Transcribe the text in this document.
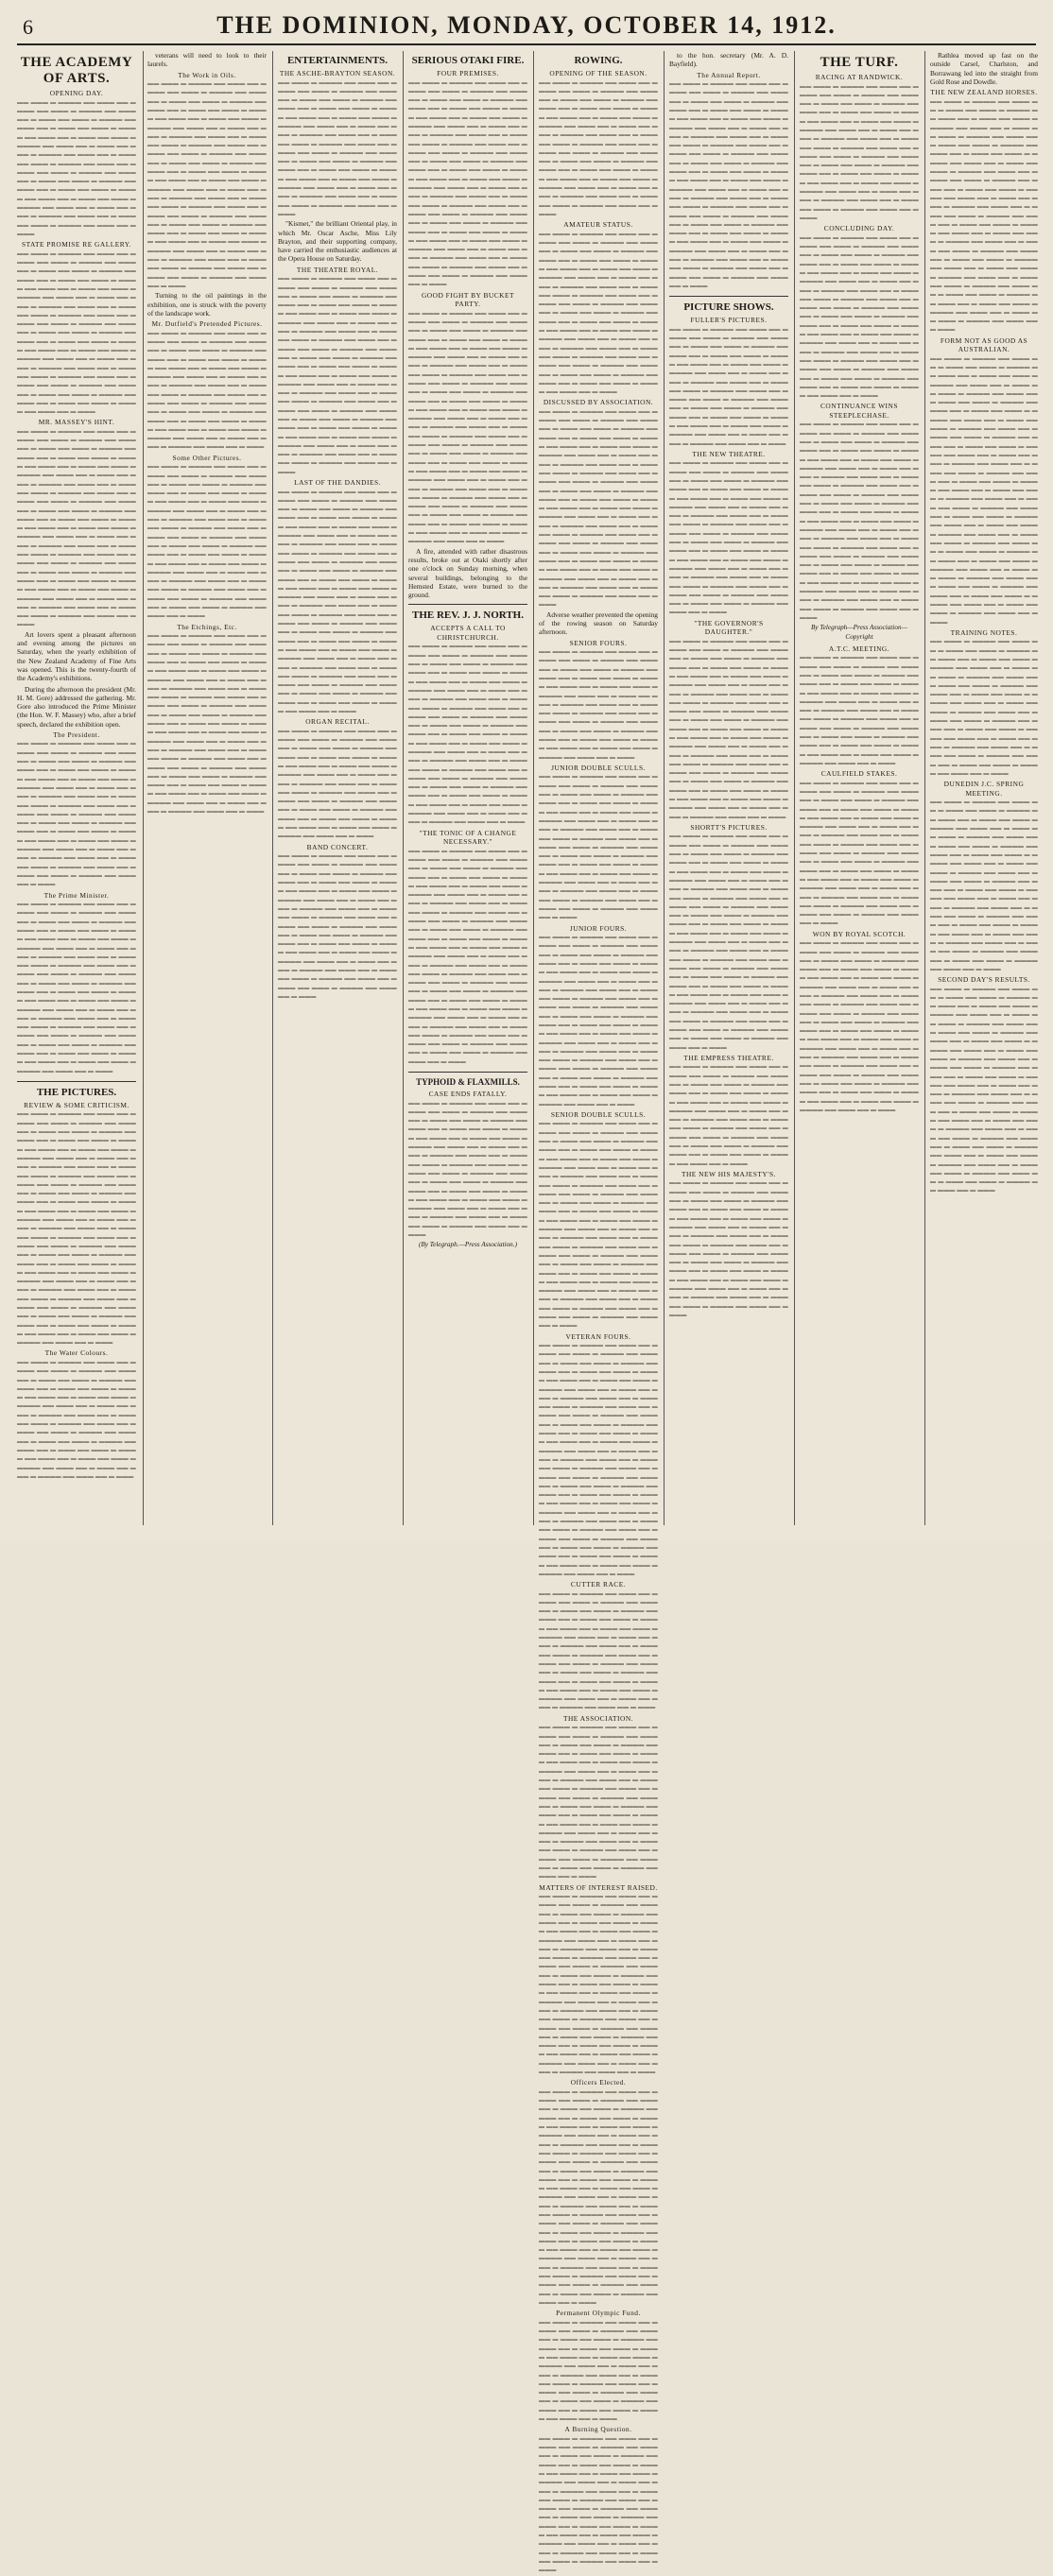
6	THE DOMINION, MONDAY, OCTOBER 14, 1912.
THE ACADEMY OF ARTS.
OPENING DAY.
▬▬ ▬▬▬ ▬ ▬▬▬▬ ▬▬ ▬▬▬ ▬▬ ▬ ▬▬▬ ▬▬ ▬▬▬ ▬ ▬▬▬▬ ▬▬ ▬▬▬ ▬▬ ▬ ▬▬▬ ▬▬ ▬▬▬ ▬ ▬▬▬▬ ▬▬ ▬▬▬ ▬▬ ▬ ▬▬▬ ▬▬ ▬▬▬ ▬ ▬▬▬▬ ▬▬ ▬▬▬ ▬▬ ▬ ▬▬▬ ▬▬ ▬▬▬ ▬ ▬▬▬▬ ▬▬ ▬▬▬ ▬▬ ▬ ▬▬▬ ▬▬ ▬▬▬ ▬ ▬▬▬▬ ▬▬ ▬▬▬ ▬▬ ▬ ▬▬▬ ▬▬ ▬▬▬ ▬ ▬▬▬▬ ▬▬ ▬▬▬ ▬▬ ▬ ▬▬▬ ▬▬ ▬▬▬ ▬ ▬▬▬▬ ▬▬ ▬▬▬ ▬▬ ▬ ▬▬▬ ▬▬ ▬▬▬ ▬ ▬▬▬▬ ▬▬ ▬▬▬ ▬▬ ▬ ▬▬▬ ▬▬ ▬▬▬ ▬ ▬▬▬▬ ▬▬ ▬▬▬ ▬▬ ▬ ▬▬▬ ▬▬ ▬▬▬ ▬ ▬▬▬▬ ▬▬ ▬▬▬ ▬▬ ▬ ▬▬▬ ▬▬ ▬▬▬ ▬ ▬▬▬▬ ▬▬ ▬▬▬ ▬▬ ▬ ▬▬▬ ▬▬ ▬▬▬ ▬ ▬▬▬▬ ▬▬ ▬▬▬ ▬▬ ▬ ▬▬▬
STATE PROMISE RE GALLERY.
▬▬ ▬▬▬ ▬ ▬▬▬▬ ▬▬ ▬▬▬ ▬▬ ▬ ▬▬▬ ▬▬ ▬▬▬ ▬ ▬▬▬▬ ▬▬ ▬▬▬ ▬▬ ▬ ▬▬▬ ▬▬ ▬▬▬ ▬ ▬▬▬▬ ▬▬ ▬▬▬ ▬▬ ▬ ▬▬▬ ▬▬ ▬▬▬ ▬ ▬▬▬▬ ▬▬ ▬▬▬ ▬▬ ▬ ▬▬▬ ▬▬ ▬▬▬ ▬ ▬▬▬▬ ▬▬ ▬▬▬ ▬▬ ▬ ▬▬▬ ▬▬ ▬▬▬ ▬ ▬▬▬▬ ▬▬ ▬▬▬ ▬▬ ▬ ▬▬▬ ▬▬ ▬▬▬ ▬ ▬▬▬▬ ▬▬ ▬▬▬ ▬▬ ▬ ▬▬▬ ▬▬ ▬▬▬ ▬ ▬▬▬▬ ▬▬ ▬▬▬ ▬▬ ▬ ▬▬▬ ▬▬ ▬▬▬ ▬ ▬▬▬▬ ▬▬ ▬▬▬ ▬▬ ▬ ▬▬▬ ▬▬ ▬▬▬ ▬ ▬▬▬▬ ▬▬ ▬▬▬ ▬▬ ▬ ▬▬▬ ▬▬ ▬▬▬ ▬ ▬▬▬▬ ▬▬ ▬▬▬ ▬▬ ▬ ▬▬▬ ▬▬ ▬▬▬ ▬ ▬▬▬▬ ▬▬ ▬▬▬ ▬▬ ▬ ▬▬▬ ▬▬ ▬▬▬ ▬ ▬▬▬▬ ▬▬ ▬▬▬ ▬▬ ▬ ▬▬▬ ▬▬ ▬▬▬ ▬ ▬▬▬▬ ▬▬ ▬▬▬ ▬▬ ▬ ▬▬▬ ▬▬ ▬▬▬ ▬ ▬▬▬▬ ▬▬ ▬▬▬ ▬▬ ▬ ▬▬▬ ▬▬ ▬▬▬ ▬ ▬▬▬▬ ▬▬ ▬▬▬ ▬▬ ▬ ▬▬▬
MR. MASSEY'S HINT.
▬▬ ▬▬▬ ▬ ▬▬▬▬ ▬▬ ▬▬▬ ▬▬ ▬ ▬▬▬ ▬▬ ▬▬▬ ▬ ▬▬▬▬ ▬▬ ▬▬▬ ▬▬ ▬ ▬▬▬ ▬▬ ▬▬▬ ▬ ▬▬▬▬ ▬▬ ▬▬▬ ▬▬ ▬ ▬▬▬ ▬▬ ▬▬▬ ▬ ▬▬▬▬ ▬▬ ▬▬▬ ▬▬ ▬ ▬▬▬ ▬▬ ▬▬▬ ▬ ▬▬▬▬ ▬▬ ▬▬▬ ▬▬ ▬ ▬▬▬ ▬▬ ▬▬▬ ▬ ▬▬▬▬ ▬▬ ▬▬▬ ▬▬ ▬ ▬▬▬ ▬▬ ▬▬▬ ▬ ▬▬▬▬ ▬▬ ▬▬▬ ▬▬ ▬ ▬▬▬ ▬▬ ▬▬▬ ▬ ▬▬▬▬ ▬▬ ▬▬▬ ▬▬ ▬ ▬▬▬ ▬▬ ▬▬▬ ▬ ▬▬▬▬ ▬▬ ▬▬▬ ▬▬ ▬ ▬▬▬ ▬▬ ▬▬▬ ▬ ▬▬▬▬ ▬▬ ▬▬▬ ▬▬ ▬ ▬▬▬ ▬▬ ▬▬▬ ▬ ▬▬▬▬ ▬▬ ▬▬▬ ▬▬ ▬ ▬▬▬ ▬▬ ▬▬▬ ▬ ▬▬▬▬ ▬▬ ▬▬▬ ▬▬ ▬ ▬▬▬ ▬▬ ▬▬▬ ▬ ▬▬▬▬ ▬▬ ▬▬▬ ▬▬ ▬ ▬▬▬ ▬▬ ▬▬▬ ▬ ▬▬▬▬ ▬▬ ▬▬▬ ▬▬ ▬ ▬▬▬ ▬▬ ▬▬▬ ▬ ▬▬▬▬ ▬▬ ▬▬▬ ▬▬ ▬ ▬▬▬ ▬▬ ▬▬▬ ▬ ▬▬▬▬ ▬▬ ▬▬▬ ▬▬ ▬ ▬▬▬ ▬▬ ▬▬▬ ▬ ▬▬▬▬ ▬▬ ▬▬▬ ▬▬ ▬ ▬▬▬ ▬▬ ▬▬▬ ▬ ▬▬▬▬ ▬▬ ▬▬▬ ▬▬ ▬ ▬▬▬ ▬▬ ▬▬▬ ▬ ▬▬▬▬ ▬▬ ▬▬▬ ▬▬ ▬ ▬▬▬

Art lovers spent a pleasant afternoon and evening among the pictures on Saturday, when the yearly exhibition of the New Zealand Academy of Fine Arts was opened. This is the twenty-fourth of the Academy's exhibitions.

During the afternoon the president (Mr. H. M. Gore) addressed the gathering. Mr. Gore also introduced the Prime Minister (the Hon. W. F. Massey) who, after a brief speech, declared the exhibition open.

The President.
▬▬ ▬▬▬ ▬ ▬▬▬▬ ▬▬ ▬▬▬ ▬▬ ▬ ▬▬▬ ▬▬ ▬▬▬ ▬ ▬▬▬▬ ▬▬ ▬▬▬ ▬▬ ▬ ▬▬▬ ▬▬ ▬▬▬ ▬ ▬▬▬▬ ▬▬ ▬▬▬ ▬▬ ▬ ▬▬▬ ▬▬ ▬▬▬ ▬ ▬▬▬▬ ▬▬ ▬▬▬ ▬▬ ▬ ▬▬▬ ▬▬ ▬▬▬ ▬ ▬▬▬▬ ▬▬ ▬▬▬ ▬▬ ▬ ▬▬▬ ▬▬ ▬▬▬ ▬ ▬▬▬▬ ▬▬ ▬▬▬ ▬▬ ▬ ▬▬▬ ▬▬ ▬▬▬ ▬ ▬▬▬▬ ▬▬ ▬▬▬ ▬▬ ▬ ▬▬▬ ▬▬ ▬▬▬ ▬ ▬▬▬▬ ▬▬ ▬▬▬ ▬▬ ▬ ▬▬▬ ▬▬ ▬▬▬ ▬ ▬▬▬▬ ▬▬ ▬▬▬ ▬▬ ▬ ▬▬▬ ▬▬ ▬▬▬ ▬ ▬▬▬▬ ▬▬ ▬▬▬ ▬▬ ▬ ▬▬▬ ▬▬ ▬▬▬ ▬ ▬▬▬▬ ▬▬ ▬▬▬ ▬▬ ▬ ▬▬▬ ▬▬ ▬▬▬ ▬ ▬▬▬▬ ▬▬ ▬▬▬ ▬▬ ▬ ▬▬▬ ▬▬ ▬▬▬ ▬ ▬▬▬▬ ▬▬ ▬▬▬ ▬▬ ▬ ▬▬▬ ▬▬ ▬▬▬ ▬ ▬▬▬▬ ▬▬ ▬▬▬ ▬▬ ▬ ▬▬▬
The Prime Minister.
▬▬ ▬▬▬ ▬ ▬▬▬▬ ▬▬ ▬▬▬ ▬▬ ▬ ▬▬▬ ▬▬ ▬▬▬ ▬ ▬▬▬▬ ▬▬ ▬▬▬ ▬▬ ▬ ▬▬▬ ▬▬ ▬▬▬ ▬ ▬▬▬▬ ▬▬ ▬▬▬ ▬▬ ▬ ▬▬▬ ▬▬ ▬▬▬ ▬ ▬▬▬▬ ▬▬ ▬▬▬ ▬▬ ▬ ▬▬▬ ▬▬ ▬▬▬ ▬ ▬▬▬▬ ▬▬ ▬▬▬ ▬▬ ▬ ▬▬▬ ▬▬ ▬▬▬ ▬ ▬▬▬▬ ▬▬ ▬▬▬ ▬▬ ▬ ▬▬▬ ▬▬ ▬▬▬ ▬ ▬▬▬▬ ▬▬ ▬▬▬ ▬▬ ▬ ▬▬▬ ▬▬ ▬▬▬ ▬ ▬▬▬▬ ▬▬ ▬▬▬ ▬▬ ▬ ▬▬▬ ▬▬ ▬▬▬ ▬ ▬▬▬▬ ▬▬ ▬▬▬ ▬▬ ▬ ▬▬▬ ▬▬ ▬▬▬ ▬ ▬▬▬▬ ▬▬ ▬▬▬ ▬▬ ▬ ▬▬▬ ▬▬ ▬▬▬ ▬ ▬▬▬▬ ▬▬ ▬▬▬ ▬▬ ▬ ▬▬▬ ▬▬ ▬▬▬ ▬ ▬▬▬▬ ▬▬ ▬▬▬ ▬▬ ▬ ▬▬▬ ▬▬ ▬▬▬ ▬ ▬▬▬▬ ▬▬ ▬▬▬ ▬▬ ▬ ▬▬▬ ▬▬ ▬▬▬ ▬ ▬▬▬▬ ▬▬ ▬▬▬ ▬▬ ▬ ▬▬▬ ▬▬ ▬▬▬ ▬ ▬▬▬▬ ▬▬ ▬▬▬ ▬▬ ▬ ▬▬▬ ▬▬ ▬▬▬ ▬ ▬▬▬▬ ▬▬ ▬▬▬ ▬▬ ▬ ▬▬▬ ▬▬ ▬▬▬ ▬ ▬▬▬▬ ▬▬ ▬▬▬ ▬▬ ▬ ▬▬▬
THE PICTURES.
REVIEW & SOME CRITICISM.
▬▬ ▬▬▬ ▬ ▬▬▬▬ ▬▬ ▬▬▬ ▬▬ ▬ ▬▬▬ ▬▬ ▬▬▬ ▬ ▬▬▬▬ ▬▬ ▬▬▬ ▬▬ ▬ ▬▬▬ ▬▬ ▬▬▬ ▬ ▬▬▬▬ ▬▬ ▬▬▬ ▬▬ ▬ ▬▬▬ ▬▬ ▬▬▬ ▬ ▬▬▬▬ ▬▬ ▬▬▬ ▬▬ ▬ ▬▬▬ ▬▬ ▬▬▬ ▬ ▬▬▬▬ ▬▬ ▬▬▬ ▬▬ ▬ ▬▬▬ ▬▬ ▬▬▬ ▬ ▬▬▬▬ ▬▬ ▬▬▬ ▬▬ ▬ ▬▬▬ ▬▬ ▬▬▬ ▬ ▬▬▬▬ ▬▬ ▬▬▬ ▬▬ ▬ ▬▬▬ ▬▬ ▬▬▬ ▬ ▬▬▬▬ ▬▬ ▬▬▬ ▬▬ ▬ ▬▬▬ ▬▬ ▬▬▬ ▬ ▬▬▬▬ ▬▬ ▬▬▬ ▬▬ ▬ ▬▬▬ ▬▬ ▬▬▬ ▬ ▬▬▬▬ ▬▬ ▬▬▬ ▬▬ ▬ ▬▬▬ ▬▬ ▬▬▬ ▬ ▬▬▬▬ ▬▬ ▬▬▬ ▬▬ ▬ ▬▬▬ ▬▬ ▬▬▬ ▬ ▬▬▬▬ ▬▬ ▬▬▬ ▬▬ ▬ ▬▬▬ ▬▬ ▬▬▬ ▬ ▬▬▬▬ ▬▬ ▬▬▬ ▬▬ ▬ ▬▬▬ ▬▬ ▬▬▬ ▬ ▬▬▬▬ ▬▬ ▬▬▬ ▬▬ ▬ ▬▬▬ ▬▬ ▬▬▬ ▬ ▬▬▬▬ ▬▬ ▬▬▬ ▬▬ ▬ ▬▬▬ ▬▬ ▬▬▬ ▬ ▬▬▬▬ ▬▬ ▬▬▬ ▬▬ ▬ ▬▬▬ ▬▬ ▬▬▬ ▬ ▬▬▬▬ ▬▬ ▬▬▬ ▬▬ ▬ ▬▬▬ ▬▬ ▬▬▬ ▬ ▬▬▬▬ ▬▬ ▬▬▬ ▬▬ ▬ ▬▬▬ ▬▬ ▬▬▬ ▬ ▬▬▬▬ ▬▬ ▬▬▬ ▬▬ ▬ ▬▬▬ ▬▬ ▬▬▬ ▬ ▬▬▬▬ ▬▬ ▬▬▬ ▬▬ ▬ ▬▬▬ ▬▬ ▬▬▬ ▬ ▬▬▬▬ ▬▬ ▬▬▬ ▬▬ ▬ ▬▬▬ ▬▬ ▬▬▬ ▬ ▬▬▬▬ ▬▬ ▬▬▬ ▬▬ ▬ ▬▬▬ ▬▬ ▬▬▬ ▬ ▬▬▬▬ ▬▬ ▬▬▬ ▬▬ ▬ ▬▬▬
The Water Colours.
▬▬ ▬▬▬ ▬ ▬▬▬▬ ▬▬ ▬▬▬ ▬▬ ▬ ▬▬▬ ▬▬ ▬▬▬ ▬ ▬▬▬▬ ▬▬ ▬▬▬ ▬▬ ▬ ▬▬▬ ▬▬ ▬▬▬ ▬ ▬▬▬▬ ▬▬ ▬▬▬ ▬▬ ▬ ▬▬▬ ▬▬ ▬▬▬ ▬ ▬▬▬▬ ▬▬ ▬▬▬ ▬▬ ▬ ▬▬▬ ▬▬ ▬▬▬ ▬ ▬▬▬▬ ▬▬ ▬▬▬ ▬▬ ▬ ▬▬▬ ▬▬ ▬▬▬ ▬ ▬▬▬▬ ▬▬ ▬▬▬ ▬▬ ▬ ▬▬▬ ▬▬ ▬▬▬ ▬ ▬▬▬▬ ▬▬ ▬▬▬ ▬▬ ▬ ▬▬▬ ▬▬ ▬▬▬ ▬ ▬▬▬▬ ▬▬ ▬▬▬ ▬▬ ▬ ▬▬▬ ▬▬ ▬▬▬ ▬ ▬▬▬▬ ▬▬ ▬▬▬ ▬▬ ▬ ▬▬▬ ▬▬ ▬▬▬ ▬ ▬▬▬▬ ▬▬ ▬▬▬ ▬▬ ▬ ▬▬▬ ▬▬ ▬▬▬ ▬ ▬▬▬▬ ▬▬ ▬▬▬ ▬▬ ▬ ▬▬▬ ▬▬ ▬▬▬ ▬ ▬▬▬▬ ▬▬ ▬▬▬ ▬▬ ▬ ▬▬▬

veterans will need to look to their laurels.

The Work in Oils.
▬▬ ▬▬▬ ▬ ▬▬▬▬ ▬▬ ▬▬▬ ▬▬ ▬ ▬▬▬ ▬▬ ▬▬▬ ▬ ▬▬▬▬ ▬▬ ▬▬▬ ▬▬ ▬ ▬▬▬ ▬▬ ▬▬▬ ▬ ▬▬▬▬ ▬▬ ▬▬▬ ▬▬ ▬ ▬▬▬ ▬▬ ▬▬▬ ▬ ▬▬▬▬ ▬▬ ▬▬▬ ▬▬ ▬ ▬▬▬ ▬▬ ▬▬▬ ▬ ▬▬▬▬ ▬▬ ▬▬▬ ▬▬ ▬ ▬▬▬ ▬▬ ▬▬▬ ▬ ▬▬▬▬ ▬▬ ▬▬▬ ▬▬ ▬ ▬▬▬ ▬▬ ▬▬▬ ▬ ▬▬▬▬ ▬▬ ▬▬▬ ▬▬ ▬ ▬▬▬ ▬▬ ▬▬▬ ▬ ▬▬▬▬ ▬▬ ▬▬▬ ▬▬ ▬ ▬▬▬ ▬▬ ▬▬▬ ▬ ▬▬▬▬ ▬▬ ▬▬▬ ▬▬ ▬ ▬▬▬ ▬▬ ▬▬▬ ▬ ▬▬▬▬ ▬▬ ▬▬▬ ▬▬ ▬ ▬▬▬ ▬▬ ▬▬▬ ▬ ▬▬▬▬ ▬▬ ▬▬▬ ▬▬ ▬ ▬▬▬ ▬▬ ▬▬▬ ▬ ▬▬▬▬ ▬▬ ▬▬▬ ▬▬ ▬ ▬▬▬ ▬▬ ▬▬▬ ▬ ▬▬▬▬ ▬▬ ▬▬▬ ▬▬ ▬ ▬▬▬ ▬▬ ▬▬▬ ▬ ▬▬▬▬ ▬▬ ▬▬▬ ▬▬ ▬ ▬▬▬ ▬▬ ▬▬▬ ▬ ▬▬▬▬ ▬▬ ▬▬▬ ▬▬ ▬ ▬▬▬ ▬▬ ▬▬▬ ▬ ▬▬▬▬ ▬▬ ▬▬▬ ▬▬ ▬ ▬▬▬ ▬▬ ▬▬▬ ▬ ▬▬▬▬ ▬▬ ▬▬▬ ▬▬ ▬ ▬▬▬ ▬▬ ▬▬▬ ▬ ▬▬▬▬ ▬▬ ▬▬▬ ▬▬ ▬ ▬▬▬ ▬▬ ▬▬▬ ▬ ▬▬▬▬ ▬▬ ▬▬▬ ▬▬ ▬ ▬▬▬ ▬▬ ▬▬▬ ▬ ▬▬▬▬ ▬▬ ▬▬▬ ▬▬ ▬ ▬▬▬

Turning to the oil paintings in the exhibition, one is struck with the poverty of the landscape work.

Mr. Dutfield's Pretended Pictures.
▬▬ ▬▬▬ ▬ ▬▬▬▬ ▬▬ ▬▬▬ ▬▬ ▬ ▬▬▬ ▬▬ ▬▬▬ ▬ ▬▬▬▬ ▬▬ ▬▬▬ ▬▬ ▬ ▬▬▬ ▬▬ ▬▬▬ ▬ ▬▬▬▬ ▬▬ ▬▬▬ ▬▬ ▬ ▬▬▬ ▬▬ ▬▬▬ ▬ ▬▬▬▬ ▬▬ ▬▬▬ ▬▬ ▬ ▬▬▬ ▬▬ ▬▬▬ ▬ ▬▬▬▬ ▬▬ ▬▬▬ ▬▬ ▬ ▬▬▬ ▬▬ ▬▬▬ ▬ ▬▬▬▬ ▬▬ ▬▬▬ ▬▬ ▬ ▬▬▬ ▬▬ ▬▬▬ ▬ ▬▬▬▬ ▬▬ ▬▬▬ ▬▬ ▬ ▬▬▬ ▬▬ ▬▬▬ ▬ ▬▬▬▬ ▬▬ ▬▬▬ ▬▬ ▬ ▬▬▬ ▬▬ ▬▬▬ ▬ ▬▬▬▬ ▬▬ ▬▬▬ ▬▬ ▬ ▬▬▬ ▬▬ ▬▬▬ ▬ ▬▬▬▬ ▬▬ ▬▬▬ ▬▬ ▬ ▬▬▬ ▬▬ ▬▬▬ ▬ ▬▬▬▬ ▬▬ ▬▬▬ ▬▬ ▬ ▬▬▬ ▬▬ ▬▬▬ ▬ ▬▬▬▬ ▬▬ ▬▬▬ ▬▬ ▬ ▬▬▬
Some Other Pictures.
▬▬ ▬▬▬ ▬ ▬▬▬▬ ▬▬ ▬▬▬ ▬▬ ▬ ▬▬▬ ▬▬ ▬▬▬ ▬ ▬▬▬▬ ▬▬ ▬▬▬ ▬▬ ▬ ▬▬▬ ▬▬ ▬▬▬ ▬ ▬▬▬▬ ▬▬ ▬▬▬ ▬▬ ▬ ▬▬▬ ▬▬ ▬▬▬ ▬ ▬▬▬▬ ▬▬ ▬▬▬ ▬▬ ▬ ▬▬▬ ▬▬ ▬▬▬ ▬ ▬▬▬▬ ▬▬ ▬▬▬ ▬▬ ▬ ▬▬▬ ▬▬ ▬▬▬ ▬ ▬▬▬▬ ▬▬ ▬▬▬ ▬▬ ▬ ▬▬▬ ▬▬ ▬▬▬ ▬ ▬▬▬▬ ▬▬ ▬▬▬ ▬▬ ▬ ▬▬▬ ▬▬ ▬▬▬ ▬ ▬▬▬▬ ▬▬ ▬▬▬ ▬▬ ▬ ▬▬▬ ▬▬ ▬▬▬ ▬ ▬▬▬▬ ▬▬ ▬▬▬ ▬▬ ▬ ▬▬▬ ▬▬ ▬▬▬ ▬ ▬▬▬▬ ▬▬ ▬▬▬ ▬▬ ▬ ▬▬▬ ▬▬ ▬▬▬ ▬ ▬▬▬▬ ▬▬ ▬▬▬ ▬▬ ▬ ▬▬▬ ▬▬ ▬▬▬ ▬ ▬▬▬▬ ▬▬ ▬▬▬ ▬▬ ▬ ▬▬▬ ▬▬ ▬▬▬ ▬ ▬▬▬▬ ▬▬ ▬▬▬ ▬▬ ▬ ▬▬▬ ▬▬ ▬▬▬ ▬ ▬▬▬▬ ▬▬ ▬▬▬ ▬▬ ▬ ▬▬▬ ▬▬ ▬▬▬ ▬ ▬▬▬▬ ▬▬ ▬▬▬ ▬▬ ▬ ▬▬▬
The Etchings, Etc.
▬▬ ▬▬▬ ▬ ▬▬▬▬ ▬▬ ▬▬▬ ▬▬ ▬ ▬▬▬ ▬▬ ▬▬▬ ▬ ▬▬▬▬ ▬▬ ▬▬▬ ▬▬ ▬ ▬▬▬ ▬▬ ▬▬▬ ▬ ▬▬▬▬ ▬▬ ▬▬▬ ▬▬ ▬ ▬▬▬ ▬▬ ▬▬▬ ▬ ▬▬▬▬ ▬▬ ▬▬▬ ▬▬ ▬ ▬▬▬ ▬▬ ▬▬▬ ▬ ▬▬▬▬ ▬▬ ▬▬▬ ▬▬ ▬ ▬▬▬ ▬▬ ▬▬▬ ▬ ▬▬▬▬ ▬▬ ▬▬▬ ▬▬ ▬ ▬▬▬ ▬▬ ▬▬▬ ▬ ▬▬▬▬ ▬▬ ▬▬▬ ▬▬ ▬ ▬▬▬ ▬▬ ▬▬▬ ▬ ▬▬▬▬ ▬▬ ▬▬▬ ▬▬ ▬ ▬▬▬ ▬▬ ▬▬▬ ▬ ▬▬▬▬ ▬▬ ▬▬▬ ▬▬ ▬ ▬▬▬ ▬▬ ▬▬▬ ▬ ▬▬▬▬ ▬▬ ▬▬▬ ▬▬ ▬ ▬▬▬ ▬▬ ▬▬▬ ▬ ▬▬▬▬ ▬▬ ▬▬▬ ▬▬ ▬ ▬▬▬ ▬▬ ▬▬▬ ▬ ▬▬▬▬ ▬▬ ▬▬▬ ▬▬ ▬ ▬▬▬ ▬▬ ▬▬▬ ▬ ▬▬▬▬ ▬▬ ▬▬▬ ▬▬ ▬ ▬▬▬ ▬▬ ▬▬▬ ▬ ▬▬▬▬ ▬▬ ▬▬▬ ▬▬ ▬ ▬▬▬ ▬▬ ▬▬▬ ▬ ▬▬▬▬ ▬▬ ▬▬▬ ▬▬ ▬ ▬▬▬ ▬▬ ▬▬▬ ▬ ▬▬▬▬ ▬▬ ▬▬▬ ▬▬ ▬ ▬▬▬ ▬▬ ▬▬▬ ▬ ▬▬▬▬ ▬▬ ▬▬▬ ▬▬ ▬ ▬▬▬ ▬▬ ▬▬▬ ▬ ▬▬▬▬ ▬▬ ▬▬▬ ▬▬ ▬ ▬▬▬
ENTERTAINMENTS.
THE ASCHE-BRAYTON SEASON.
▬▬ ▬▬▬ ▬ ▬▬▬▬ ▬▬ ▬▬▬ ▬▬ ▬ ▬▬▬ ▬▬ ▬▬▬ ▬ ▬▬▬▬ ▬▬ ▬▬▬ ▬▬ ▬ ▬▬▬ ▬▬ ▬▬▬ ▬ ▬▬▬▬ ▬▬ ▬▬▬ ▬▬ ▬ ▬▬▬ ▬▬ ▬▬▬ ▬ ▬▬▬▬ ▬▬ ▬▬▬ ▬▬ ▬ ▬▬▬ ▬▬ ▬▬▬ ▬ ▬▬▬▬ ▬▬ ▬▬▬ ▬▬ ▬ ▬▬▬ ▬▬ ▬▬▬ ▬ ▬▬▬▬ ▬▬ ▬▬▬ ▬▬ ▬ ▬▬▬ ▬▬ ▬▬▬ ▬ ▬▬▬▬ ▬▬ ▬▬▬ ▬▬ ▬ ▬▬▬ ▬▬ ▬▬▬ ▬ ▬▬▬▬ ▬▬ ▬▬▬ ▬▬ ▬ ▬▬▬ ▬▬ ▬▬▬ ▬ ▬▬▬▬ ▬▬ ▬▬▬ ▬▬ ▬ ▬▬▬ ▬▬ ▬▬▬ ▬ ▬▬▬▬ ▬▬ ▬▬▬ ▬▬ ▬ ▬▬▬ ▬▬ ▬▬▬ ▬ ▬▬▬▬ ▬▬ ▬▬▬ ▬▬ ▬ ▬▬▬ ▬▬ ▬▬▬ ▬ ▬▬▬▬ ▬▬ ▬▬▬ ▬▬ ▬ ▬▬▬ ▬▬ ▬▬▬ ▬ ▬▬▬▬ ▬▬ ▬▬▬ ▬▬ ▬ ▬▬▬

"Kismet," the brilliant Oriental play, in which Mr. Oscar Asche, Miss Lily Brayton, and their supporting company, have carried the enthusiastic audiences at the Opera House on Saturday.

THE THEATRE ROYAL.
▬▬ ▬▬▬ ▬ ▬▬▬▬ ▬▬ ▬▬▬ ▬▬ ▬ ▬▬▬ ▬▬ ▬▬▬ ▬ ▬▬▬▬ ▬▬ ▬▬▬ ▬▬ ▬ ▬▬▬ ▬▬ ▬▬▬ ▬ ▬▬▬▬ ▬▬ ▬▬▬ ▬▬ ▬ ▬▬▬ ▬▬ ▬▬▬ ▬ ▬▬▬▬ ▬▬ ▬▬▬ ▬▬ ▬ ▬▬▬ ▬▬ ▬▬▬ ▬ ▬▬▬▬ ▬▬ ▬▬▬ ▬▬ ▬ ▬▬▬ ▬▬ ▬▬▬ ▬ ▬▬▬▬ ▬▬ ▬▬▬ ▬▬ ▬ ▬▬▬ ▬▬ ▬▬▬ ▬ ▬▬▬▬ ▬▬ ▬▬▬ ▬▬ ▬ ▬▬▬ ▬▬ ▬▬▬ ▬ ▬▬▬▬ ▬▬ ▬▬▬ ▬▬ ▬ ▬▬▬ ▬▬ ▬▬▬ ▬ ▬▬▬▬ ▬▬ ▬▬▬ ▬▬ ▬ ▬▬▬ ▬▬ ▬▬▬ ▬ ▬▬▬▬ ▬▬ ▬▬▬ ▬▬ ▬ ▬▬▬ ▬▬ ▬▬▬ ▬ ▬▬▬▬ ▬▬ ▬▬▬ ▬▬ ▬ ▬▬▬ ▬▬ ▬▬▬ ▬ ▬▬▬▬ ▬▬ ▬▬▬ ▬▬ ▬ ▬▬▬ ▬▬ ▬▬▬ ▬ ▬▬▬▬ ▬▬ ▬▬▬ ▬▬ ▬ ▬▬▬ ▬▬ ▬▬▬ ▬ ▬▬▬▬ ▬▬ ▬▬▬ ▬▬ ▬ ▬▬▬ ▬▬ ▬▬▬ ▬ ▬▬▬▬ ▬▬ ▬▬▬ ▬▬ ▬ ▬▬▬ ▬▬ ▬▬▬ ▬ ▬▬▬▬ ▬▬ ▬▬▬ ▬▬ ▬ ▬▬▬ ▬▬ ▬▬▬ ▬ ▬▬▬▬ ▬▬ ▬▬▬ ▬▬ ▬ ▬▬▬ ▬▬ ▬▬▬ ▬ ▬▬▬▬ ▬▬ ▬▬▬ ▬▬ ▬ ▬▬▬ ▬▬ ▬▬▬ ▬ ▬▬▬▬ ▬▬ ▬▬▬ ▬▬ ▬ ▬▬▬
LAST OF THE DANDIES.
▬▬ ▬▬▬ ▬ ▬▬▬▬ ▬▬ ▬▬▬ ▬▬ ▬ ▬▬▬ ▬▬ ▬▬▬ ▬ ▬▬▬▬ ▬▬ ▬▬▬ ▬▬ ▬ ▬▬▬ ▬▬ ▬▬▬ ▬ ▬▬▬▬ ▬▬ ▬▬▬ ▬▬ ▬ ▬▬▬ ▬▬ ▬▬▬ ▬ ▬▬▬▬ ▬▬ ▬▬▬ ▬▬ ▬ ▬▬▬ ▬▬ ▬▬▬ ▬ ▬▬▬▬ ▬▬ ▬▬▬ ▬▬ ▬ ▬▬▬ ▬▬ ▬▬▬ ▬ ▬▬▬▬ ▬▬ ▬▬▬ ▬▬ ▬ ▬▬▬ ▬▬ ▬▬▬ ▬ ▬▬▬▬ ▬▬ ▬▬▬ ▬▬ ▬ ▬▬▬ ▬▬ ▬▬▬ ▬ ▬▬▬▬ ▬▬ ▬▬▬ ▬▬ ▬ ▬▬▬ ▬▬ ▬▬▬ ▬ ▬▬▬▬ ▬▬ ▬▬▬ ▬▬ ▬ ▬▬▬ ▬▬ ▬▬▬ ▬ ▬▬▬▬ ▬▬ ▬▬▬ ▬▬ ▬ ▬▬▬ ▬▬ ▬▬▬ ▬ ▬▬▬▬ ▬▬ ▬▬▬ ▬▬ ▬ ▬▬▬ ▬▬ ▬▬▬ ▬ ▬▬▬▬ ▬▬ ▬▬▬ ▬▬ ▬ ▬▬▬ ▬▬ ▬▬▬ ▬ ▬▬▬▬ ▬▬ ▬▬▬ ▬▬ ▬ ▬▬▬ ▬▬ ▬▬▬ ▬ ▬▬▬▬ ▬▬ ▬▬▬ ▬▬ ▬ ▬▬▬ ▬▬ ▬▬▬ ▬ ▬▬▬▬ ▬▬ ▬▬▬ ▬▬ ▬ ▬▬▬ ▬▬ ▬▬▬ ▬ ▬▬▬▬ ▬▬ ▬▬▬ ▬▬ ▬ ▬▬▬ ▬▬ ▬▬▬ ▬ ▬▬▬▬ ▬▬ ▬▬▬ ▬▬ ▬ ▬▬▬ ▬▬ ▬▬▬ ▬ ▬▬▬▬ ▬▬ ▬▬▬ ▬▬ ▬ ▬▬▬ ▬▬ ▬▬▬ ▬ ▬▬▬▬ ▬▬ ▬▬▬ ▬▬ ▬ ▬▬▬ ▬▬ ▬▬▬ ▬ ▬▬▬▬ ▬▬ ▬▬▬ ▬▬ ▬ ▬▬▬ ▬▬ ▬▬▬ ▬ ▬▬▬▬ ▬▬ ▬▬▬ ▬▬ ▬ ▬▬▬ ▬▬ ▬▬▬ ▬ ▬▬▬▬ ▬▬ ▬▬▬ ▬▬ ▬ ▬▬▬
ORGAN RECITAL.
▬▬ ▬▬▬ ▬ ▬▬▬▬ ▬▬ ▬▬▬ ▬▬ ▬ ▬▬▬ ▬▬ ▬▬▬ ▬ ▬▬▬▬ ▬▬ ▬▬▬ ▬▬ ▬ ▬▬▬ ▬▬ ▬▬▬ ▬ ▬▬▬▬ ▬▬ ▬▬▬ ▬▬ ▬ ▬▬▬ ▬▬ ▬▬▬ ▬ ▬▬▬▬ ▬▬ ▬▬▬ ▬▬ ▬ ▬▬▬ ▬▬ ▬▬▬ ▬ ▬▬▬▬ ▬▬ ▬▬▬ ▬▬ ▬ ▬▬▬ ▬▬ ▬▬▬ ▬ ▬▬▬▬ ▬▬ ▬▬▬ ▬▬ ▬ ▬▬▬ ▬▬ ▬▬▬ ▬ ▬▬▬▬ ▬▬ ▬▬▬ ▬▬ ▬ ▬▬▬ ▬▬ ▬▬▬ ▬ ▬▬▬▬ ▬▬ ▬▬▬ ▬▬ ▬ ▬▬▬ ▬▬ ▬▬▬ ▬ ▬▬▬▬ ▬▬ ▬▬▬ ▬▬ ▬ ▬▬▬ ▬▬ ▬▬▬ ▬ ▬▬▬▬ ▬▬ ▬▬▬ ▬▬ ▬ ▬▬▬ ▬▬ ▬▬▬ ▬ ▬▬▬▬ ▬▬ ▬▬▬ ▬▬ ▬ ▬▬▬
BAND CONCERT.
▬▬ ▬▬▬ ▬ ▬▬▬▬ ▬▬ ▬▬▬ ▬▬ ▬ ▬▬▬ ▬▬ ▬▬▬ ▬ ▬▬▬▬ ▬▬ ▬▬▬ ▬▬ ▬ ▬▬▬ ▬▬ ▬▬▬ ▬ ▬▬▬▬ ▬▬ ▬▬▬ ▬▬ ▬ ▬▬▬ ▬▬ ▬▬▬ ▬ ▬▬▬▬ ▬▬ ▬▬▬ ▬▬ ▬ ▬▬▬ ▬▬ ▬▬▬ ▬ ▬▬▬▬ ▬▬ ▬▬▬ ▬▬ ▬ ▬▬▬ ▬▬ ▬▬▬ ▬ ▬▬▬▬ ▬▬ ▬▬▬ ▬▬ ▬ ▬▬▬ ▬▬ ▬▬▬ ▬ ▬▬▬▬ ▬▬ ▬▬▬ ▬▬ ▬ ▬▬▬ ▬▬ ▬▬▬ ▬ ▬▬▬▬ ▬▬ ▬▬▬ ▬▬ ▬ ▬▬▬ ▬▬ ▬▬▬ ▬ ▬▬▬▬ ▬▬ ▬▬▬ ▬▬ ▬ ▬▬▬ ▬▬ ▬▬▬ ▬ ▬▬▬▬ ▬▬ ▬▬▬ ▬▬ ▬ ▬▬▬ ▬▬ ▬▬▬ ▬ ▬▬▬▬ ▬▬ ▬▬▬ ▬▬ ▬ ▬▬▬ ▬▬ ▬▬▬ ▬ ▬▬▬▬ ▬▬ ▬▬▬ ▬▬ ▬ ▬▬▬ ▬▬ ▬▬▬ ▬ ▬▬▬▬ ▬▬ ▬▬▬ ▬▬ ▬ ▬▬▬ ▬▬ ▬▬▬ ▬ ▬▬▬▬ ▬▬ ▬▬▬ ▬▬ ▬ ▬▬▬
SERIOUS OTAKI FIRE.
FOUR PREMISES.
▬▬ ▬▬▬ ▬ ▬▬▬▬ ▬▬ ▬▬▬ ▬▬ ▬ ▬▬▬ ▬▬ ▬▬▬ ▬ ▬▬▬▬ ▬▬ ▬▬▬ ▬▬ ▬ ▬▬▬ ▬▬ ▬▬▬ ▬ ▬▬▬▬ ▬▬ ▬▬▬ ▬▬ ▬ ▬▬▬ ▬▬ ▬▬▬ ▬ ▬▬▬▬ ▬▬ ▬▬▬ ▬▬ ▬ ▬▬▬ ▬▬ ▬▬▬ ▬ ▬▬▬▬ ▬▬ ▬▬▬ ▬▬ ▬ ▬▬▬ ▬▬ ▬▬▬ ▬ ▬▬▬▬ ▬▬ ▬▬▬ ▬▬ ▬ ▬▬▬ ▬▬ ▬▬▬ ▬ ▬▬▬▬ ▬▬ ▬▬▬ ▬▬ ▬ ▬▬▬ ▬▬ ▬▬▬ ▬ ▬▬▬▬ ▬▬ ▬▬▬ ▬▬ ▬ ▬▬▬ ▬▬ ▬▬▬ ▬ ▬▬▬▬ ▬▬ ▬▬▬ ▬▬ ▬ ▬▬▬ ▬▬ ▬▬▬ ▬ ▬▬▬▬ ▬▬ ▬▬▬ ▬▬ ▬ ▬▬▬ ▬▬ ▬▬▬ ▬ ▬▬▬▬ ▬▬ ▬▬▬ ▬▬ ▬ ▬▬▬ ▬▬ ▬▬▬ ▬ ▬▬▬▬ ▬▬ ▬▬▬ ▬▬ ▬ ▬▬▬ ▬▬ ▬▬▬ ▬ ▬▬▬▬ ▬▬ ▬▬▬ ▬▬ ▬ ▬▬▬ ▬▬ ▬▬▬ ▬ ▬▬▬▬ ▬▬ ▬▬▬ ▬▬ ▬ ▬▬▬ ▬▬ ▬▬▬ ▬ ▬▬▬▬ ▬▬ ▬▬▬ ▬▬ ▬ ▬▬▬ ▬▬ ▬▬▬ ▬ ▬▬▬▬ ▬▬ ▬▬▬ ▬▬ ▬ ▬▬▬ ▬▬ ▬▬▬ ▬ ▬▬▬▬ ▬▬ ▬▬▬ ▬▬ ▬ ▬▬▬ ▬▬ ▬▬▬ ▬ ▬▬▬▬ ▬▬ ▬▬▬ ▬▬ ▬ ▬▬▬ ▬▬ ▬▬▬ ▬ ▬▬▬▬ ▬▬ ▬▬▬ ▬▬ ▬ ▬▬▬ ▬▬ ▬▬▬ ▬ ▬▬▬▬ ▬▬ ▬▬▬ ▬▬ ▬ ▬▬▬
GOOD FIGHT BY BUCKET PARTY.
▬▬ ▬▬▬ ▬ ▬▬▬▬ ▬▬ ▬▬▬ ▬▬ ▬ ▬▬▬ ▬▬ ▬▬▬ ▬ ▬▬▬▬ ▬▬ ▬▬▬ ▬▬ ▬ ▬▬▬ ▬▬ ▬▬▬ ▬ ▬▬▬▬ ▬▬ ▬▬▬ ▬▬ ▬ ▬▬▬ ▬▬ ▬▬▬ ▬ ▬▬▬▬ ▬▬ ▬▬▬ ▬▬ ▬ ▬▬▬ ▬▬ ▬▬▬ ▬ ▬▬▬▬ ▬▬ ▬▬▬ ▬▬ ▬ ▬▬▬ ▬▬ ▬▬▬ ▬ ▬▬▬▬ ▬▬ ▬▬▬ ▬▬ ▬ ▬▬▬ ▬▬ ▬▬▬ ▬ ▬▬▬▬ ▬▬ ▬▬▬ ▬▬ ▬ ▬▬▬ ▬▬ ▬▬▬ ▬ ▬▬▬▬ ▬▬ ▬▬▬ ▬▬ ▬ ▬▬▬ ▬▬ ▬▬▬ ▬ ▬▬▬▬ ▬▬ ▬▬▬ ▬▬ ▬ ▬▬▬ ▬▬ ▬▬▬ ▬ ▬▬▬▬ ▬▬ ▬▬▬ ▬▬ ▬ ▬▬▬ ▬▬ ▬▬▬ ▬ ▬▬▬▬ ▬▬ ▬▬▬ ▬▬ ▬ ▬▬▬ ▬▬ ▬▬▬ ▬ ▬▬▬▬ ▬▬ ▬▬▬ ▬▬ ▬ ▬▬▬ ▬▬ ▬▬▬ ▬ ▬▬▬▬ ▬▬ ▬▬▬ ▬▬ ▬ ▬▬▬ ▬▬ ▬▬▬ ▬ ▬▬▬▬ ▬▬ ▬▬▬ ▬▬ ▬ ▬▬▬ ▬▬ ▬▬▬ ▬ ▬▬▬▬ ▬▬ ▬▬▬ ▬▬ ▬ ▬▬▬ ▬▬ ▬▬▬ ▬ ▬▬▬▬ ▬▬ ▬▬▬ ▬▬ ▬ ▬▬▬ ▬▬ ▬▬▬ ▬ ▬▬▬▬ ▬▬ ▬▬▬ ▬▬ ▬ ▬▬▬ ▬▬ ▬▬▬ ▬ ▬▬▬▬ ▬▬ ▬▬▬ ▬▬ ▬ ▬▬▬ ▬▬ ▬▬▬ ▬ ▬▬▬▬ ▬▬ ▬▬▬ ▬▬ ▬ ▬▬▬ ▬▬ ▬▬▬ ▬ ▬▬▬▬ ▬▬ ▬▬▬ ▬▬ ▬ ▬▬▬ ▬▬ ▬▬▬ ▬ ▬▬▬▬ ▬▬ ▬▬▬ ▬▬ ▬ ▬▬▬ ▬▬ ▬▬▬ ▬ ▬▬▬▬ ▬▬ ▬▬▬ ▬▬ ▬ ▬▬▬ ▬▬ ▬▬▬ ▬ ▬▬▬▬ ▬▬ ▬▬▬ ▬▬ ▬ ▬▬▬

A fire, attended with rather disastrous results, broke out at Otaki shortly after one o'clock on Sunday morning, when several buildings, belonging to the Hemsted Estate, were burned to the ground.

THE REV. J. J. NORTH.
ACCEPTS A CALL TO CHRISTCHURCH.
▬▬ ▬▬▬ ▬ ▬▬▬▬ ▬▬ ▬▬▬ ▬▬ ▬ ▬▬▬ ▬▬ ▬▬▬ ▬ ▬▬▬▬ ▬▬ ▬▬▬ ▬▬ ▬ ▬▬▬ ▬▬ ▬▬▬ ▬ ▬▬▬▬ ▬▬ ▬▬▬ ▬▬ ▬ ▬▬▬ ▬▬ ▬▬▬ ▬ ▬▬▬▬ ▬▬ ▬▬▬ ▬▬ ▬ ▬▬▬ ▬▬ ▬▬▬ ▬ ▬▬▬▬ ▬▬ ▬▬▬ ▬▬ ▬ ▬▬▬ ▬▬ ▬▬▬ ▬ ▬▬▬▬ ▬▬ ▬▬▬ ▬▬ ▬ ▬▬▬ ▬▬ ▬▬▬ ▬ ▬▬▬▬ ▬▬ ▬▬▬ ▬▬ ▬ ▬▬▬ ▬▬ ▬▬▬ ▬ ▬▬▬▬ ▬▬ ▬▬▬ ▬▬ ▬ ▬▬▬ ▬▬ ▬▬▬ ▬ ▬▬▬▬ ▬▬ ▬▬▬ ▬▬ ▬ ▬▬▬ ▬▬ ▬▬▬ ▬ ▬▬▬▬ ▬▬ ▬▬▬ ▬▬ ▬ ▬▬▬ ▬▬ ▬▬▬ ▬ ▬▬▬▬ ▬▬ ▬▬▬ ▬▬ ▬ ▬▬▬ ▬▬ ▬▬▬ ▬ ▬▬▬▬ ▬▬ ▬▬▬ ▬▬ ▬ ▬▬▬ ▬▬ ▬▬▬ ▬ ▬▬▬▬ ▬▬ ▬▬▬ ▬▬ ▬ ▬▬▬ ▬▬ ▬▬▬ ▬ ▬▬▬▬ ▬▬ ▬▬▬ ▬▬ ▬ ▬▬▬ ▬▬ ▬▬▬ ▬ ▬▬▬▬ ▬▬ ▬▬▬ ▬▬ ▬ ▬▬▬ ▬▬ ▬▬▬ ▬ ▬▬▬▬ ▬▬ ▬▬▬ ▬▬ ▬ ▬▬▬ ▬▬ ▬▬▬ ▬ ▬▬▬▬ ▬▬ ▬▬▬ ▬▬ ▬ ▬▬▬ ▬▬ ▬▬▬ ▬ ▬▬▬▬ ▬▬ ▬▬▬ ▬▬ ▬ ▬▬▬
"THE TONIC OF A CHANGE NECESSARY."
▬▬ ▬▬▬ ▬ ▬▬▬▬ ▬▬ ▬▬▬ ▬▬ ▬ ▬▬▬ ▬▬ ▬▬▬ ▬ ▬▬▬▬ ▬▬ ▬▬▬ ▬▬ ▬ ▬▬▬ ▬▬ ▬▬▬ ▬ ▬▬▬▬ ▬▬ ▬▬▬ ▬▬ ▬ ▬▬▬ ▬▬ ▬▬▬ ▬ ▬▬▬▬ ▬▬ ▬▬▬ ▬▬ ▬ ▬▬▬ ▬▬ ▬▬▬ ▬ ▬▬▬▬ ▬▬ ▬▬▬ ▬▬ ▬ ▬▬▬ ▬▬ ▬▬▬ ▬ ▬▬▬▬ ▬▬ ▬▬▬ ▬▬ ▬ ▬▬▬ ▬▬ ▬▬▬ ▬ ▬▬▬▬ ▬▬ ▬▬▬ ▬▬ ▬ ▬▬▬ ▬▬ ▬▬▬ ▬ ▬▬▬▬ ▬▬ ▬▬▬ ▬▬ ▬ ▬▬▬ ▬▬ ▬▬▬ ▬ ▬▬▬▬ ▬▬ ▬▬▬ ▬▬ ▬ ▬▬▬ ▬▬ ▬▬▬ ▬ ▬▬▬▬ ▬▬ ▬▬▬ ▬▬ ▬ ▬▬▬ ▬▬ ▬▬▬ ▬ ▬▬▬▬ ▬▬ ▬▬▬ ▬▬ ▬ ▬▬▬ ▬▬ ▬▬▬ ▬ ▬▬▬▬ ▬▬ ▬▬▬ ▬▬ ▬ ▬▬▬ ▬▬ ▬▬▬ ▬ ▬▬▬▬ ▬▬ ▬▬▬ ▬▬ ▬ ▬▬▬ ▬▬ ▬▬▬ ▬ ▬▬▬▬ ▬▬ ▬▬▬ ▬▬ ▬ ▬▬▬ ▬▬ ▬▬▬ ▬ ▬▬▬▬ ▬▬ ▬▬▬ ▬▬ ▬ ▬▬▬ ▬▬ ▬▬▬ ▬ ▬▬▬▬ ▬▬ ▬▬▬ ▬▬ ▬ ▬▬▬ ▬▬ ▬▬▬ ▬ ▬▬▬▬ ▬▬ ▬▬▬ ▬▬ ▬ ▬▬▬ ▬▬ ▬▬▬ ▬ ▬▬▬▬ ▬▬ ▬▬▬ ▬▬ ▬ ▬▬▬ ▬▬ ▬▬▬ ▬ ▬▬▬▬ ▬▬ ▬▬▬ ▬▬ ▬ ▬▬▬ ▬▬ ▬▬▬ ▬ ▬▬▬▬ ▬▬ ▬▬▬ ▬▬ ▬ ▬▬▬ ▬▬ ▬▬▬ ▬ ▬▬▬▬ ▬▬ ▬▬▬ ▬▬ ▬ ▬▬▬
TYPHOID & FLAXMILLS.
CASE ENDS FATALLY.
▬▬ ▬▬▬ ▬ ▬▬▬▬ ▬▬ ▬▬▬ ▬▬ ▬ ▬▬▬ ▬▬ ▬▬▬ ▬ ▬▬▬▬ ▬▬ ▬▬▬ ▬▬ ▬ ▬▬▬ ▬▬ ▬▬▬ ▬ ▬▬▬▬ ▬▬ ▬▬▬ ▬▬ ▬ ▬▬▬ ▬▬ ▬▬▬ ▬ ▬▬▬▬ ▬▬ ▬▬▬ ▬▬ ▬ ▬▬▬ ▬▬ ▬▬▬ ▬ ▬▬▬▬ ▬▬ ▬▬▬ ▬▬ ▬ ▬▬▬ ▬▬ ▬▬▬ ▬ ▬▬▬▬ ▬▬ ▬▬▬ ▬▬ ▬ ▬▬▬ ▬▬ ▬▬▬ ▬ ▬▬▬▬ ▬▬ ▬▬▬ ▬▬ ▬ ▬▬▬ ▬▬ ▬▬▬ ▬ ▬▬▬▬ ▬▬ ▬▬▬ ▬▬ ▬ ▬▬▬ ▬▬ ▬▬▬ ▬ ▬▬▬▬ ▬▬ ▬▬▬ ▬▬ ▬ ▬▬▬ ▬▬ ▬▬▬ ▬ ▬▬▬▬ ▬▬ ▬▬▬ ▬▬ ▬ ▬▬▬ ▬▬ ▬▬▬ ▬ ▬▬▬▬ ▬▬ ▬▬▬ ▬▬ ▬ ▬▬▬ ▬▬ ▬▬▬ ▬ ▬▬▬▬ ▬▬ ▬▬▬ ▬▬ ▬ ▬▬▬ ▬▬ ▬▬▬ ▬ ▬▬▬▬ ▬▬ ▬▬▬ ▬▬ ▬ ▬▬▬
(By Telegraph.—Press Association.)
ROWING.
OPENING OF THE SEASON.
▬▬ ▬▬▬ ▬ ▬▬▬▬ ▬▬ ▬▬▬ ▬▬ ▬ ▬▬▬ ▬▬ ▬▬▬ ▬ ▬▬▬▬ ▬▬ ▬▬▬ ▬▬ ▬ ▬▬▬ ▬▬ ▬▬▬ ▬ ▬▬▬▬ ▬▬ ▬▬▬ ▬▬ ▬ ▬▬▬ ▬▬ ▬▬▬ ▬ ▬▬▬▬ ▬▬ ▬▬▬ ▬▬ ▬ ▬▬▬ ▬▬ ▬▬▬ ▬ ▬▬▬▬ ▬▬ ▬▬▬ ▬▬ ▬ ▬▬▬ ▬▬ ▬▬▬ ▬ ▬▬▬▬ ▬▬ ▬▬▬ ▬▬ ▬ ▬▬▬ ▬▬ ▬▬▬ ▬ ▬▬▬▬ ▬▬ ▬▬▬ ▬▬ ▬ ▬▬▬ ▬▬ ▬▬▬ ▬ ▬▬▬▬ ▬▬ ▬▬▬ ▬▬ ▬ ▬▬▬ ▬▬ ▬▬▬ ▬ ▬▬▬▬ ▬▬ ▬▬▬ ▬▬ ▬ ▬▬▬ ▬▬ ▬▬▬ ▬ ▬▬▬▬ ▬▬ ▬▬▬ ▬▬ ▬ ▬▬▬ ▬▬ ▬▬▬ ▬ ▬▬▬▬ ▬▬ ▬▬▬ ▬▬ ▬ ▬▬▬ ▬▬ ▬▬▬ ▬ ▬▬▬▬ ▬▬ ▬▬▬ ▬▬ ▬ ▬▬▬ ▬▬ ▬▬▬ ▬ ▬▬▬▬ ▬▬ ▬▬▬ ▬▬ ▬ ▬▬▬
AMATEUR STATUS.
▬▬ ▬▬▬ ▬ ▬▬▬▬ ▬▬ ▬▬▬ ▬▬ ▬ ▬▬▬ ▬▬ ▬▬▬ ▬ ▬▬▬▬ ▬▬ ▬▬▬ ▬▬ ▬ ▬▬▬ ▬▬ ▬▬▬ ▬ ▬▬▬▬ ▬▬ ▬▬▬ ▬▬ ▬ ▬▬▬ ▬▬ ▬▬▬ ▬ ▬▬▬▬ ▬▬ ▬▬▬ ▬▬ ▬ ▬▬▬ ▬▬ ▬▬▬ ▬ ▬▬▬▬ ▬▬ ▬▬▬ ▬▬ ▬ ▬▬▬ ▬▬ ▬▬▬ ▬ ▬▬▬▬ ▬▬ ▬▬▬ ▬▬ ▬ ▬▬▬ ▬▬ ▬▬▬ ▬ ▬▬▬▬ ▬▬ ▬▬▬ ▬▬ ▬ ▬▬▬ ▬▬ ▬▬▬ ▬ ▬▬▬▬ ▬▬ ▬▬▬ ▬▬ ▬ ▬▬▬ ▬▬ ▬▬▬ ▬ ▬▬▬▬ ▬▬ ▬▬▬ ▬▬ ▬ ▬▬▬ ▬▬ ▬▬▬ ▬ ▬▬▬▬ ▬▬ ▬▬▬ ▬▬ ▬ ▬▬▬ ▬▬ ▬▬▬ ▬ ▬▬▬▬ ▬▬ ▬▬▬ ▬▬ ▬ ▬▬▬ ▬▬ ▬▬▬ ▬ ▬▬▬▬ ▬▬ ▬▬▬ ▬▬ ▬ ▬▬▬ ▬▬ ▬▬▬ ▬ ▬▬▬▬ ▬▬ ▬▬▬ ▬▬ ▬ ▬▬▬ ▬▬ ▬▬▬ ▬ ▬▬▬▬ ▬▬ ▬▬▬ ▬▬ ▬ ▬▬▬ ▬▬ ▬▬▬ ▬ ▬▬▬▬ ▬▬ ▬▬▬ ▬▬ ▬ ▬▬▬ ▬▬ ▬▬▬ ▬ ▬▬▬▬ ▬▬ ▬▬▬ ▬▬ ▬ ▬▬▬
DISCUSSED BY ASSOCIATION.
▬▬ ▬▬▬ ▬ ▬▬▬▬ ▬▬ ▬▬▬ ▬▬ ▬ ▬▬▬ ▬▬ ▬▬▬ ▬ ▬▬▬▬ ▬▬ ▬▬▬ ▬▬ ▬ ▬▬▬ ▬▬ ▬▬▬ ▬ ▬▬▬▬ ▬▬ ▬▬▬ ▬▬ ▬ ▬▬▬ ▬▬ ▬▬▬ ▬ ▬▬▬▬ ▬▬ ▬▬▬ ▬▬ ▬ ▬▬▬ ▬▬ ▬▬▬ ▬ ▬▬▬▬ ▬▬ ▬▬▬ ▬▬ ▬ ▬▬▬ ▬▬ ▬▬▬ ▬ ▬▬▬▬ ▬▬ ▬▬▬ ▬▬ ▬ ▬▬▬ ▬▬ ▬▬▬ ▬ ▬▬▬▬ ▬▬ ▬▬▬ ▬▬ ▬ ▬▬▬ ▬▬ ▬▬▬ ▬ ▬▬▬▬ ▬▬ ▬▬▬ ▬▬ ▬ ▬▬▬ ▬▬ ▬▬▬ ▬ ▬▬▬▬ ▬▬ ▬▬▬ ▬▬ ▬ ▬▬▬ ▬▬ ▬▬▬ ▬ ▬▬▬▬ ▬▬ ▬▬▬ ▬▬ ▬ ▬▬▬ ▬▬ ▬▬▬ ▬ ▬▬▬▬ ▬▬ ▬▬▬ ▬▬ ▬ ▬▬▬ ▬▬ ▬▬▬ ▬ ▬▬▬▬ ▬▬ ▬▬▬ ▬▬ ▬ ▬▬▬ ▬▬ ▬▬▬ ▬ ▬▬▬▬ ▬▬ ▬▬▬ ▬▬ ▬ ▬▬▬ ▬▬ ▬▬▬ ▬ ▬▬▬▬ ▬▬ ▬▬▬ ▬▬ ▬ ▬▬▬ ▬▬ ▬▬▬ ▬ ▬▬▬▬ ▬▬ ▬▬▬ ▬▬ ▬ ▬▬▬ ▬▬ ▬▬▬ ▬ ▬▬▬▬ ▬▬ ▬▬▬ ▬▬ ▬ ▬▬▬ ▬▬ ▬▬▬ ▬ ▬▬▬▬ ▬▬ ▬▬▬ ▬▬ ▬ ▬▬▬ ▬▬ ▬▬▬ ▬ ▬▬▬▬ ▬▬ ▬▬▬ ▬▬ ▬ ▬▬▬ ▬▬ ▬▬▬ ▬ ▬▬▬▬ ▬▬ ▬▬▬ ▬▬ ▬ ▬▬▬

Adverse weather prevented the opening of the rowing season on Saturday afternoon.

SENIOR FOURS.
▬▬ ▬▬▬ ▬ ▬▬▬▬ ▬▬ ▬▬▬ ▬▬ ▬ ▬▬▬ ▬▬ ▬▬▬ ▬ ▬▬▬▬ ▬▬ ▬▬▬ ▬▬ ▬ ▬▬▬ ▬▬ ▬▬▬ ▬ ▬▬▬▬ ▬▬ ▬▬▬ ▬▬ ▬ ▬▬▬ ▬▬ ▬▬▬ ▬ ▬▬▬▬ ▬▬ ▬▬▬ ▬▬ ▬ ▬▬▬ ▬▬ ▬▬▬ ▬ ▬▬▬▬ ▬▬ ▬▬▬ ▬▬ ▬ ▬▬▬ ▬▬ ▬▬▬ ▬ ▬▬▬▬ ▬▬ ▬▬▬ ▬▬ ▬ ▬▬▬ ▬▬ ▬▬▬ ▬ ▬▬▬▬ ▬▬ ▬▬▬ ▬▬ ▬ ▬▬▬ ▬▬ ▬▬▬ ▬ ▬▬▬▬ ▬▬ ▬▬▬ ▬▬ ▬ ▬▬▬ ▬▬ ▬▬▬ ▬ ▬▬▬▬ ▬▬ ▬▬▬ ▬▬ ▬ ▬▬▬ ▬▬ ▬▬▬ ▬ ▬▬▬▬ ▬▬ ▬▬▬ ▬▬ ▬ ▬▬▬ ▬▬ ▬▬▬ ▬ ▬▬▬▬ ▬▬ ▬▬▬ ▬▬ ▬ ▬▬▬
JUNIOR DOUBLE SCULLS.
▬▬ ▬▬▬ ▬ ▬▬▬▬ ▬▬ ▬▬▬ ▬▬ ▬ ▬▬▬ ▬▬ ▬▬▬ ▬ ▬▬▬▬ ▬▬ ▬▬▬ ▬▬ ▬ ▬▬▬ ▬▬ ▬▬▬ ▬ ▬▬▬▬ ▬▬ ▬▬▬ ▬▬ ▬ ▬▬▬ ▬▬ ▬▬▬ ▬ ▬▬▬▬ ▬▬ ▬▬▬ ▬▬ ▬ ▬▬▬ ▬▬ ▬▬▬ ▬ ▬▬▬▬ ▬▬ ▬▬▬ ▬▬ ▬ ▬▬▬ ▬▬ ▬▬▬ ▬ ▬▬▬▬ ▬▬ ▬▬▬ ▬▬ ▬ ▬▬▬ ▬▬ ▬▬▬ ▬ ▬▬▬▬ ▬▬ ▬▬▬ ▬▬ ▬ ▬▬▬ ▬▬ ▬▬▬ ▬ ▬▬▬▬ ▬▬ ▬▬▬ ▬▬ ▬ ▬▬▬ ▬▬ ▬▬▬ ▬ ▬▬▬▬ ▬▬ ▬▬▬ ▬▬ ▬ ▬▬▬ ▬▬ ▬▬▬ ▬ ▬▬▬▬ ▬▬ ▬▬▬ ▬▬ ▬ ▬▬▬ ▬▬ ▬▬▬ ▬ ▬▬▬▬ ▬▬ ▬▬▬ ▬▬ ▬ ▬▬▬ ▬▬ ▬▬▬ ▬ ▬▬▬▬ ▬▬ ▬▬▬ ▬▬ ▬ ▬▬▬ ▬▬ ▬▬▬ ▬ ▬▬▬▬ ▬▬ ▬▬▬ ▬▬ ▬ ▬▬▬ ▬▬ ▬▬▬ ▬ ▬▬▬▬ ▬▬ ▬▬▬ ▬▬ ▬ ▬▬▬
JUNIOR FOURS.
▬▬ ▬▬▬ ▬ ▬▬▬▬ ▬▬ ▬▬▬ ▬▬ ▬ ▬▬▬ ▬▬ ▬▬▬ ▬ ▬▬▬▬ ▬▬ ▬▬▬ ▬▬ ▬ ▬▬▬ ▬▬ ▬▬▬ ▬ ▬▬▬▬ ▬▬ ▬▬▬ ▬▬ ▬ ▬▬▬ ▬▬ ▬▬▬ ▬ ▬▬▬▬ ▬▬ ▬▬▬ ▬▬ ▬ ▬▬▬ ▬▬ ▬▬▬ ▬ ▬▬▬▬ ▬▬ ▬▬▬ ▬▬ ▬ ▬▬▬ ▬▬ ▬▬▬ ▬ ▬▬▬▬ ▬▬ ▬▬▬ ▬▬ ▬ ▬▬▬ ▬▬ ▬▬▬ ▬ ▬▬▬▬ ▬▬ ▬▬▬ ▬▬ ▬ ▬▬▬ ▬▬ ▬▬▬ ▬ ▬▬▬▬ ▬▬ ▬▬▬ ▬▬ ▬ ▬▬▬ ▬▬ ▬▬▬ ▬ ▬▬▬▬ ▬▬ ▬▬▬ ▬▬ ▬ ▬▬▬ ▬▬ ▬▬▬ ▬ ▬▬▬▬ ▬▬ ▬▬▬ ▬▬ ▬ ▬▬▬ ▬▬ ▬▬▬ ▬ ▬▬▬▬ ▬▬ ▬▬▬ ▬▬ ▬ ▬▬▬ ▬▬ ▬▬▬ ▬ ▬▬▬▬ ▬▬ ▬▬▬ ▬▬ ▬ ▬▬▬ ▬▬ ▬▬▬ ▬ ▬▬▬▬ ▬▬ ▬▬▬ ▬▬ ▬ ▬▬▬ ▬▬ ▬▬▬ ▬ ▬▬▬▬ ▬▬ ▬▬▬ ▬▬ ▬ ▬▬▬ ▬▬ ▬▬▬ ▬ ▬▬▬▬ ▬▬ ▬▬▬ ▬▬ ▬ ▬▬▬ ▬▬ ▬▬▬ ▬ ▬▬▬▬ ▬▬ ▬▬▬ ▬▬ ▬ ▬▬▬ ▬▬ ▬▬▬ ▬ ▬▬▬▬ ▬▬ ▬▬▬ ▬▬ ▬ ▬▬▬
SENIOR DOUBLE SCULLS.
▬▬ ▬▬▬ ▬ ▬▬▬▬ ▬▬ ▬▬▬ ▬▬ ▬ ▬▬▬ ▬▬ ▬▬▬ ▬ ▬▬▬▬ ▬▬ ▬▬▬ ▬▬ ▬ ▬▬▬ ▬▬ ▬▬▬ ▬ ▬▬▬▬ ▬▬ ▬▬▬ ▬▬ ▬ ▬▬▬ ▬▬ ▬▬▬ ▬ ▬▬▬▬ ▬▬ ▬▬▬ ▬▬ ▬ ▬▬▬ ▬▬ ▬▬▬ ▬ ▬▬▬▬ ▬▬ ▬▬▬ ▬▬ ▬ ▬▬▬ ▬▬ ▬▬▬ ▬ ▬▬▬▬ ▬▬ ▬▬▬ ▬▬ ▬ ▬▬▬ ▬▬ ▬▬▬ ▬ ▬▬▬▬ ▬▬ ▬▬▬ ▬▬ ▬ ▬▬▬ ▬▬ ▬▬▬ ▬ ▬▬▬▬ ▬▬ ▬▬▬ ▬▬ ▬ ▬▬▬ ▬▬ ▬▬▬ ▬ ▬▬▬▬ ▬▬ ▬▬▬ ▬▬ ▬ ▬▬▬ ▬▬ ▬▬▬ ▬ ▬▬▬▬ ▬▬ ▬▬▬ ▬▬ ▬ ▬▬▬ ▬▬ ▬▬▬ ▬ ▬▬▬▬ ▬▬ ▬▬▬ ▬▬ ▬ ▬▬▬ ▬▬ ▬▬▬ ▬ ▬▬▬▬ ▬▬ ▬▬▬ ▬▬ ▬ ▬▬▬ ▬▬ ▬▬▬ ▬ ▬▬▬▬ ▬▬ ▬▬▬ ▬▬ ▬ ▬▬▬ ▬▬ ▬▬▬ ▬ ▬▬▬▬ ▬▬ ▬▬▬ ▬▬ ▬ ▬▬▬ ▬▬ ▬▬▬ ▬ ▬▬▬▬ ▬▬ ▬▬▬ ▬▬ ▬ ▬▬▬ ▬▬ ▬▬▬ ▬ ▬▬▬▬ ▬▬ ▬▬▬ ▬▬ ▬ ▬▬▬ ▬▬ ▬▬▬ ▬ ▬▬▬▬ ▬▬ ▬▬▬ ▬▬ ▬ ▬▬▬ ▬▬ ▬▬▬ ▬ ▬▬▬▬ ▬▬ ▬▬▬ ▬▬ ▬ ▬▬▬ ▬▬ ▬▬▬ ▬ ▬▬▬▬ ▬▬ ▬▬▬ ▬▬ ▬ ▬▬▬ ▬▬ ▬▬▬ ▬ ▬▬▬▬ ▬▬ ▬▬▬ ▬▬ ▬ ▬▬▬
VETERAN FOURS.
▬▬ ▬▬▬ ▬ ▬▬▬▬ ▬▬ ▬▬▬ ▬▬ ▬ ▬▬▬ ▬▬ ▬▬▬ ▬ ▬▬▬▬ ▬▬ ▬▬▬ ▬▬ ▬ ▬▬▬ ▬▬ ▬▬▬ ▬ ▬▬▬▬ ▬▬ ▬▬▬ ▬▬ ▬ ▬▬▬ ▬▬ ▬▬▬ ▬ ▬▬▬▬ ▬▬ ▬▬▬ ▬▬ ▬ ▬▬▬ ▬▬ ▬▬▬ ▬ ▬▬▬▬ ▬▬ ▬▬▬ ▬▬ ▬ ▬▬▬ ▬▬ ▬▬▬ ▬ ▬▬▬▬ ▬▬ ▬▬▬ ▬▬ ▬ ▬▬▬ ▬▬ ▬▬▬ ▬ ▬▬▬▬ ▬▬ ▬▬▬ ▬▬ ▬ ▬▬▬ ▬▬ ▬▬▬ ▬ ▬▬▬▬ ▬▬ ▬▬▬ ▬▬ ▬ ▬▬▬ ▬▬ ▬▬▬ ▬ ▬▬▬▬ ▬▬ ▬▬▬ ▬▬ ▬ ▬▬▬ ▬▬ ▬▬▬ ▬ ▬▬▬▬ ▬▬ ▬▬▬ ▬▬ ▬ ▬▬▬ ▬▬ ▬▬▬ ▬ ▬▬▬▬ ▬▬ ▬▬▬ ▬▬ ▬ ▬▬▬ ▬▬ ▬▬▬ ▬ ▬▬▬▬ ▬▬ ▬▬▬ ▬▬ ▬ ▬▬▬ ▬▬ ▬▬▬ ▬ ▬▬▬▬ ▬▬ ▬▬▬ ▬▬ ▬ ▬▬▬ ▬▬ ▬▬▬ ▬ ▬▬▬▬ ▬▬ ▬▬▬ ▬▬ ▬ ▬▬▬ ▬▬ ▬▬▬ ▬ ▬▬▬▬ ▬▬ ▬▬▬ ▬▬ ▬ ▬▬▬ ▬▬ ▬▬▬ ▬ ▬▬▬▬ ▬▬ ▬▬▬ ▬▬ ▬ ▬▬▬ ▬▬ ▬▬▬ ▬ ▬▬▬▬ ▬▬ ▬▬▬ ▬▬ ▬ ▬▬▬ ▬▬ ▬▬▬ ▬ ▬▬▬▬ ▬▬ ▬▬▬ ▬▬ ▬ ▬▬▬ ▬▬ ▬▬▬ ▬ ▬▬▬▬ ▬▬ ▬▬▬ ▬▬ ▬ ▬▬▬ ▬▬ ▬▬▬ ▬ ▬▬▬▬ ▬▬ ▬▬▬ ▬▬ ▬ ▬▬▬ ▬▬ ▬▬▬ ▬ ▬▬▬▬ ▬▬ ▬▬▬ ▬▬ ▬ ▬▬▬ ▬▬ ▬▬▬ ▬ ▬▬▬▬ ▬▬ ▬▬▬ ▬▬ ▬ ▬▬▬ ▬▬ ▬▬▬ ▬ ▬▬▬▬ ▬▬ ▬▬▬ ▬▬ ▬ ▬▬▬
CUTTER RACE.
▬▬ ▬▬▬ ▬ ▬▬▬▬ ▬▬ ▬▬▬ ▬▬ ▬ ▬▬▬ ▬▬ ▬▬▬ ▬ ▬▬▬▬ ▬▬ ▬▬▬ ▬▬ ▬ ▬▬▬ ▬▬ ▬▬▬ ▬ ▬▬▬▬ ▬▬ ▬▬▬ ▬▬ ▬ ▬▬▬ ▬▬ ▬▬▬ ▬ ▬▬▬▬ ▬▬ ▬▬▬ ▬▬ ▬ ▬▬▬ ▬▬ ▬▬▬ ▬ ▬▬▬▬ ▬▬ ▬▬▬ ▬▬ ▬ ▬▬▬ ▬▬ ▬▬▬ ▬ ▬▬▬▬ ▬▬ ▬▬▬ ▬▬ ▬ ▬▬▬ ▬▬ ▬▬▬ ▬ ▬▬▬▬ ▬▬ ▬▬▬ ▬▬ ▬ ▬▬▬ ▬▬ ▬▬▬ ▬ ▬▬▬▬ ▬▬ ▬▬▬ ▬▬ ▬ ▬▬▬ ▬▬ ▬▬▬ ▬ ▬▬▬▬ ▬▬ ▬▬▬ ▬▬ ▬ ▬▬▬ ▬▬ ▬▬▬ ▬ ▬▬▬▬ ▬▬ ▬▬▬ ▬▬ ▬ ▬▬▬ ▬▬ ▬▬▬ ▬ ▬▬▬▬ ▬▬ ▬▬▬ ▬▬ ▬ ▬▬▬ ▬▬ ▬▬▬ ▬ ▬▬▬▬ ▬▬ ▬▬▬ ▬▬ ▬ ▬▬▬
THE ASSOCIATION.
▬▬ ▬▬▬ ▬ ▬▬▬▬ ▬▬ ▬▬▬ ▬▬ ▬ ▬▬▬ ▬▬ ▬▬▬ ▬ ▬▬▬▬ ▬▬ ▬▬▬ ▬▬ ▬ ▬▬▬ ▬▬ ▬▬▬ ▬ ▬▬▬▬ ▬▬ ▬▬▬ ▬▬ ▬ ▬▬▬ ▬▬ ▬▬▬ ▬ ▬▬▬▬ ▬▬ ▬▬▬ ▬▬ ▬ ▬▬▬ ▬▬ ▬▬▬ ▬ ▬▬▬▬ ▬▬ ▬▬▬ ▬▬ ▬ ▬▬▬ ▬▬ ▬▬▬ ▬ ▬▬▬▬ ▬▬ ▬▬▬ ▬▬ ▬ ▬▬▬ ▬▬ ▬▬▬ ▬ ▬▬▬▬ ▬▬ ▬▬▬ ▬▬ ▬ ▬▬▬ ▬▬ ▬▬▬ ▬ ▬▬▬▬ ▬▬ ▬▬▬ ▬▬ ▬ ▬▬▬ ▬▬ ▬▬▬ ▬ ▬▬▬▬ ▬▬ ▬▬▬ ▬▬ ▬ ▬▬▬ ▬▬ ▬▬▬ ▬ ▬▬▬▬ ▬▬ ▬▬▬ ▬▬ ▬ ▬▬▬ ▬▬ ▬▬▬ ▬ ▬▬▬▬ ▬▬ ▬▬▬ ▬▬ ▬ ▬▬▬ ▬▬ ▬▬▬ ▬ ▬▬▬▬ ▬▬ ▬▬▬ ▬▬ ▬ ▬▬▬ ▬▬ ▬▬▬ ▬ ▬▬▬▬ ▬▬ ▬▬▬ ▬▬ ▬ ▬▬▬ ▬▬ ▬▬▬ ▬ ▬▬▬▬ ▬▬ ▬▬▬ ▬▬ ▬ ▬▬▬ ▬▬ ▬▬▬ ▬ ▬▬▬▬ ▬▬ ▬▬▬ ▬▬ ▬ ▬▬▬
MATTERS OF INTEREST RAISED.
▬▬ ▬▬▬ ▬ ▬▬▬▬ ▬▬ ▬▬▬ ▬▬ ▬ ▬▬▬ ▬▬ ▬▬▬ ▬ ▬▬▬▬ ▬▬ ▬▬▬ ▬▬ ▬ ▬▬▬ ▬▬ ▬▬▬ ▬ ▬▬▬▬ ▬▬ ▬▬▬ ▬▬ ▬ ▬▬▬ ▬▬ ▬▬▬ ▬ ▬▬▬▬ ▬▬ ▬▬▬ ▬▬ ▬ ▬▬▬ ▬▬ ▬▬▬ ▬ ▬▬▬▬ ▬▬ ▬▬▬ ▬▬ ▬ ▬▬▬ ▬▬ ▬▬▬ ▬ ▬▬▬▬ ▬▬ ▬▬▬ ▬▬ ▬ ▬▬▬ ▬▬ ▬▬▬ ▬ ▬▬▬▬ ▬▬ ▬▬▬ ▬▬ ▬ ▬▬▬ ▬▬ ▬▬▬ ▬ ▬▬▬▬ ▬▬ ▬▬▬ ▬▬ ▬ ▬▬▬ ▬▬ ▬▬▬ ▬ ▬▬▬▬ ▬▬ ▬▬▬ ▬▬ ▬ ▬▬▬ ▬▬ ▬▬▬ ▬ ▬▬▬▬ ▬▬ ▬▬▬ ▬▬ ▬ ▬▬▬ ▬▬ ▬▬▬ ▬ ▬▬▬▬ ▬▬ ▬▬▬ ▬▬ ▬ ▬▬▬ ▬▬ ▬▬▬ ▬ ▬▬▬▬ ▬▬ ▬▬▬ ▬▬ ▬ ▬▬▬ ▬▬ ▬▬▬ ▬ ▬▬▬▬ ▬▬ ▬▬▬ ▬▬ ▬ ▬▬▬ ▬▬ ▬▬▬ ▬ ▬▬▬▬ ▬▬ ▬▬▬ ▬▬ ▬ ▬▬▬ ▬▬ ▬▬▬ ▬ ▬▬▬▬ ▬▬ ▬▬▬ ▬▬ ▬ ▬▬▬ ▬▬ ▬▬▬ ▬ ▬▬▬▬ ▬▬ ▬▬▬ ▬▬ ▬ ▬▬▬ ▬▬ ▬▬▬ ▬ ▬▬▬▬ ▬▬ ▬▬▬ ▬▬ ▬ ▬▬▬ ▬▬ ▬▬▬ ▬ ▬▬▬▬ ▬▬ ▬▬▬ ▬▬ ▬ ▬▬▬
Officers Elected.
▬▬ ▬▬▬ ▬ ▬▬▬▬ ▬▬ ▬▬▬ ▬▬ ▬ ▬▬▬ ▬▬ ▬▬▬ ▬ ▬▬▬▬ ▬▬ ▬▬▬ ▬▬ ▬ ▬▬▬ ▬▬ ▬▬▬ ▬ ▬▬▬▬ ▬▬ ▬▬▬ ▬▬ ▬ ▬▬▬ ▬▬ ▬▬▬ ▬ ▬▬▬▬ ▬▬ ▬▬▬ ▬▬ ▬ ▬▬▬ ▬▬ ▬▬▬ ▬ ▬▬▬▬ ▬▬ ▬▬▬ ▬▬ ▬ ▬▬▬ ▬▬ ▬▬▬ ▬ ▬▬▬▬ ▬▬ ▬▬▬ ▬▬ ▬ ▬▬▬ ▬▬ ▬▬▬ ▬ ▬▬▬▬ ▬▬ ▬▬▬ ▬▬ ▬ ▬▬▬ ▬▬ ▬▬▬ ▬ ▬▬▬▬ ▬▬ ▬▬▬ ▬▬ ▬ ▬▬▬ ▬▬ ▬▬▬ ▬ ▬▬▬▬ ▬▬ ▬▬▬ ▬▬ ▬ ▬▬▬ ▬▬ ▬▬▬ ▬ ▬▬▬▬ ▬▬ ▬▬▬ ▬▬ ▬ ▬▬▬ ▬▬ ▬▬▬ ▬ ▬▬▬▬ ▬▬ ▬▬▬ ▬▬ ▬ ▬▬▬ ▬▬ ▬▬▬ ▬ ▬▬▬▬ ▬▬ ▬▬▬ ▬▬ ▬ ▬▬▬ ▬▬ ▬▬▬ ▬ ▬▬▬▬ ▬▬ ▬▬▬ ▬▬ ▬ ▬▬▬ ▬▬ ▬▬▬ ▬ ▬▬▬▬ ▬▬ ▬▬▬ ▬▬ ▬ ▬▬▬ ▬▬ ▬▬▬ ▬ ▬▬▬▬ ▬▬ ▬▬▬ ▬▬ ▬ ▬▬▬ ▬▬ ▬▬▬ ▬ ▬▬▬▬ ▬▬ ▬▬▬ ▬▬ ▬ ▬▬▬ ▬▬ ▬▬▬ ▬ ▬▬▬▬ ▬▬ ▬▬▬ ▬▬ ▬ ▬▬▬ ▬▬ ▬▬▬ ▬ ▬▬▬▬ ▬▬ ▬▬▬ ▬▬ ▬ ▬▬▬ ▬▬ ▬▬▬ ▬ ▬▬▬▬ ▬▬ ▬▬▬ ▬▬ ▬ ▬▬▬ ▬▬ ▬▬▬ ▬ ▬▬▬▬ ▬▬ ▬▬▬ ▬▬ ▬ ▬▬▬ ▬▬ ▬▬▬ ▬ ▬▬▬▬ ▬▬ ▬▬▬ ▬▬ ▬ ▬▬▬
Permanent Olympic Fund.
▬▬ ▬▬▬ ▬ ▬▬▬▬ ▬▬ ▬▬▬ ▬▬ ▬ ▬▬▬ ▬▬ ▬▬▬ ▬ ▬▬▬▬ ▬▬ ▬▬▬ ▬▬ ▬ ▬▬▬ ▬▬ ▬▬▬ ▬ ▬▬▬▬ ▬▬ ▬▬▬ ▬▬ ▬ ▬▬▬ ▬▬ ▬▬▬ ▬ ▬▬▬▬ ▬▬ ▬▬▬ ▬▬ ▬ ▬▬▬ ▬▬ ▬▬▬ ▬ ▬▬▬▬ ▬▬ ▬▬▬ ▬▬ ▬ ▬▬▬ ▬▬ ▬▬▬ ▬ ▬▬▬▬ ▬▬ ▬▬▬ ▬▬ ▬ ▬▬▬ ▬▬ ▬▬▬ ▬ ▬▬▬▬ ▬▬ ▬▬▬ ▬▬ ▬ ▬▬▬ ▬▬ ▬▬▬ ▬ ▬▬▬▬ ▬▬ ▬▬▬ ▬▬ ▬ ▬▬▬ ▬▬ ▬▬▬ ▬ ▬▬▬▬ ▬▬ ▬▬▬ ▬▬ ▬ ▬▬▬ ▬▬ ▬▬▬ ▬ ▬▬▬▬ ▬▬ ▬▬▬ ▬▬ ▬ ▬▬▬
A Burning Question.
▬▬ ▬▬▬ ▬ ▬▬▬▬ ▬▬ ▬▬▬ ▬▬ ▬ ▬▬▬ ▬▬ ▬▬▬ ▬ ▬▬▬▬ ▬▬ ▬▬▬ ▬▬ ▬ ▬▬▬ ▬▬ ▬▬▬ ▬ ▬▬▬▬ ▬▬ ▬▬▬ ▬▬ ▬ ▬▬▬ ▬▬ ▬▬▬ ▬ ▬▬▬▬ ▬▬ ▬▬▬ ▬▬ ▬ ▬▬▬ ▬▬ ▬▬▬ ▬ ▬▬▬▬ ▬▬ ▬▬▬ ▬▬ ▬ ▬▬▬ ▬▬ ▬▬▬ ▬ ▬▬▬▬ ▬▬ ▬▬▬ ▬▬ ▬ ▬▬▬ ▬▬ ▬▬▬ ▬ ▬▬▬▬ ▬▬ ▬▬▬ ▬▬ ▬ ▬▬▬ ▬▬ ▬▬▬ ▬ ▬▬▬▬ ▬▬ ▬▬▬ ▬▬ ▬ ▬▬▬ ▬▬ ▬▬▬ ▬ ▬▬▬▬ ▬▬ ▬▬▬ ▬▬ ▬ ▬▬▬ ▬▬ ▬▬▬ ▬ ▬▬▬▬ ▬▬ ▬▬▬ ▬▬ ▬ ▬▬▬ ▬▬ ▬▬▬ ▬ ▬▬▬▬ ▬▬ ▬▬▬ ▬▬ ▬ ▬▬▬ ▬▬ ▬▬▬ ▬ ▬▬▬▬ ▬▬ ▬▬▬ ▬▬ ▬ ▬▬▬ ▬▬ ▬▬▬ ▬ ▬▬▬▬ ▬▬ ▬▬▬ ▬▬ ▬ ▬▬▬

to the hon. secretary (Mr. A. D. Bayfield).

The Annual Report.
▬▬ ▬▬▬ ▬ ▬▬▬▬ ▬▬ ▬▬▬ ▬▬ ▬ ▬▬▬ ▬▬ ▬▬▬ ▬ ▬▬▬▬ ▬▬ ▬▬▬ ▬▬ ▬ ▬▬▬ ▬▬ ▬▬▬ ▬ ▬▬▬▬ ▬▬ ▬▬▬ ▬▬ ▬ ▬▬▬ ▬▬ ▬▬▬ ▬ ▬▬▬▬ ▬▬ ▬▬▬ ▬▬ ▬ ▬▬▬ ▬▬ ▬▬▬ ▬ ▬▬▬▬ ▬▬ ▬▬▬ ▬▬ ▬ ▬▬▬ ▬▬ ▬▬▬ ▬ ▬▬▬▬ ▬▬ ▬▬▬ ▬▬ ▬ ▬▬▬ ▬▬ ▬▬▬ ▬ ▬▬▬▬ ▬▬ ▬▬▬ ▬▬ ▬ ▬▬▬ ▬▬ ▬▬▬ ▬ ▬▬▬▬ ▬▬ ▬▬▬ ▬▬ ▬ ▬▬▬ ▬▬ ▬▬▬ ▬ ▬▬▬▬ ▬▬ ▬▬▬ ▬▬ ▬ ▬▬▬ ▬▬ ▬▬▬ ▬ ▬▬▬▬ ▬▬ ▬▬▬ ▬▬ ▬ ▬▬▬ ▬▬ ▬▬▬ ▬ ▬▬▬▬ ▬▬ ▬▬▬ ▬▬ ▬ ▬▬▬ ▬▬ ▬▬▬ ▬ ▬▬▬▬ ▬▬ ▬▬▬ ▬▬ ▬ ▬▬▬ ▬▬ ▬▬▬ ▬ ▬▬▬▬ ▬▬ ▬▬▬ ▬▬ ▬ ▬▬▬ ▬▬ ▬▬▬ ▬ ▬▬▬▬ ▬▬ ▬▬▬ ▬▬ ▬ ▬▬▬ ▬▬ ▬▬▬ ▬ ▬▬▬▬ ▬▬ ▬▬▬ ▬▬ ▬ ▬▬▬ ▬▬ ▬▬▬ ▬ ▬▬▬▬ ▬▬ ▬▬▬ ▬▬ ▬ ▬▬▬ ▬▬ ▬▬▬ ▬ ▬▬▬▬ ▬▬ ▬▬▬ ▬▬ ▬ ▬▬▬ ▬▬ ▬▬▬ ▬ ▬▬▬▬ ▬▬ ▬▬▬ ▬▬ ▬ ▬▬▬ ▬▬ ▬▬▬ ▬ ▬▬▬▬ ▬▬ ▬▬▬ ▬▬ ▬ ▬▬▬ ▬▬ ▬▬▬ ▬ ▬▬▬▬ ▬▬ ▬▬▬ ▬▬ ▬ ▬▬▬
PICTURE SHOWS.
FULLER'S PICTURES.
▬▬ ▬▬▬ ▬ ▬▬▬▬ ▬▬ ▬▬▬ ▬▬ ▬ ▬▬▬ ▬▬ ▬▬▬ ▬ ▬▬▬▬ ▬▬ ▬▬▬ ▬▬ ▬ ▬▬▬ ▬▬ ▬▬▬ ▬ ▬▬▬▬ ▬▬ ▬▬▬ ▬▬ ▬ ▬▬▬ ▬▬ ▬▬▬ ▬ ▬▬▬▬ ▬▬ ▬▬▬ ▬▬ ▬ ▬▬▬ ▬▬ ▬▬▬ ▬ ▬▬▬▬ ▬▬ ▬▬▬ ▬▬ ▬ ▬▬▬ ▬▬ ▬▬▬ ▬ ▬▬▬▬ ▬▬ ▬▬▬ ▬▬ ▬ ▬▬▬ ▬▬ ▬▬▬ ▬ ▬▬▬▬ ▬▬ ▬▬▬ ▬▬ ▬ ▬▬▬ ▬▬ ▬▬▬ ▬ ▬▬▬▬ ▬▬ ▬▬▬ ▬▬ ▬ ▬▬▬ ▬▬ ▬▬▬ ▬ ▬▬▬▬ ▬▬ ▬▬▬ ▬▬ ▬ ▬▬▬ ▬▬ ▬▬▬ ▬ ▬▬▬▬ ▬▬ ▬▬▬ ▬▬ ▬ ▬▬▬ ▬▬ ▬▬▬ ▬ ▬▬▬▬ ▬▬ ▬▬▬ ▬▬ ▬ ▬▬▬ ▬▬ ▬▬▬ ▬ ▬▬▬▬ ▬▬ ▬▬▬ ▬▬ ▬ ▬▬▬
THE NEW THEATRE.
▬▬ ▬▬▬ ▬ ▬▬▬▬ ▬▬ ▬▬▬ ▬▬ ▬ ▬▬▬ ▬▬ ▬▬▬ ▬ ▬▬▬▬ ▬▬ ▬▬▬ ▬▬ ▬ ▬▬▬ ▬▬ ▬▬▬ ▬ ▬▬▬▬ ▬▬ ▬▬▬ ▬▬ ▬ ▬▬▬ ▬▬ ▬▬▬ ▬ ▬▬▬▬ ▬▬ ▬▬▬ ▬▬ ▬ ▬▬▬ ▬▬ ▬▬▬ ▬ ▬▬▬▬ ▬▬ ▬▬▬ ▬▬ ▬ ▬▬▬ ▬▬ ▬▬▬ ▬ ▬▬▬▬ ▬▬ ▬▬▬ ▬▬ ▬ ▬▬▬ ▬▬ ▬▬▬ ▬ ▬▬▬▬ ▬▬ ▬▬▬ ▬▬ ▬ ▬▬▬ ▬▬ ▬▬▬ ▬ ▬▬▬▬ ▬▬ ▬▬▬ ▬▬ ▬ ▬▬▬ ▬▬ ▬▬▬ ▬ ▬▬▬▬ ▬▬ ▬▬▬ ▬▬ ▬ ▬▬▬ ▬▬ ▬▬▬ ▬ ▬▬▬▬ ▬▬ ▬▬▬ ▬▬ ▬ ▬▬▬ ▬▬ ▬▬▬ ▬ ▬▬▬▬ ▬▬ ▬▬▬ ▬▬ ▬ ▬▬▬ ▬▬ ▬▬▬ ▬ ▬▬▬▬ ▬▬ ▬▬▬ ▬▬ ▬ ▬▬▬ ▬▬ ▬▬▬ ▬ ▬▬▬▬ ▬▬ ▬▬▬ ▬▬ ▬ ▬▬▬ ▬▬ ▬▬▬ ▬ ▬▬▬▬ ▬▬ ▬▬▬ ▬▬ ▬ ▬▬▬ ▬▬ ▬▬▬ ▬ ▬▬▬▬ ▬▬ ▬▬▬ ▬▬ ▬ ▬▬▬
"THE GOVERNOR'S DAUGHTER."
▬▬ ▬▬▬ ▬ ▬▬▬▬ ▬▬ ▬▬▬ ▬▬ ▬ ▬▬▬ ▬▬ ▬▬▬ ▬ ▬▬▬▬ ▬▬ ▬▬▬ ▬▬ ▬ ▬▬▬ ▬▬ ▬▬▬ ▬ ▬▬▬▬ ▬▬ ▬▬▬ ▬▬ ▬ ▬▬▬ ▬▬ ▬▬▬ ▬ ▬▬▬▬ ▬▬ ▬▬▬ ▬▬ ▬ ▬▬▬ ▬▬ ▬▬▬ ▬ ▬▬▬▬ ▬▬ ▬▬▬ ▬▬ ▬ ▬▬▬ ▬▬ ▬▬▬ ▬ ▬▬▬▬ ▬▬ ▬▬▬ ▬▬ ▬ ▬▬▬ ▬▬ ▬▬▬ ▬ ▬▬▬▬ ▬▬ ▬▬▬ ▬▬ ▬ ▬▬▬ ▬▬ ▬▬▬ ▬ ▬▬▬▬ ▬▬ ▬▬▬ ▬▬ ▬ ▬▬▬ ▬▬ ▬▬▬ ▬ ▬▬▬▬ ▬▬ ▬▬▬ ▬▬ ▬ ▬▬▬ ▬▬ ▬▬▬ ▬ ▬▬▬▬ ▬▬ ▬▬▬ ▬▬ ▬ ▬▬▬ ▬▬ ▬▬▬ ▬ ▬▬▬▬ ▬▬ ▬▬▬ ▬▬ ▬ ▬▬▬ ▬▬ ▬▬▬ ▬ ▬▬▬▬ ▬▬ ▬▬▬ ▬▬ ▬ ▬▬▬ ▬▬ ▬▬▬ ▬ ▬▬▬▬ ▬▬ ▬▬▬ ▬▬ ▬ ▬▬▬ ▬▬ ▬▬▬ ▬ ▬▬▬▬ ▬▬ ▬▬▬ ▬▬ ▬ ▬▬▬ ▬▬ ▬▬▬ ▬ ▬▬▬▬ ▬▬ ▬▬▬ ▬▬ ▬ ▬▬▬ ▬▬ ▬▬▬ ▬ ▬▬▬▬ ▬▬ ▬▬▬ ▬▬ ▬ ▬▬▬ ▬▬ ▬▬▬ ▬ ▬▬▬▬ ▬▬ ▬▬▬ ▬▬ ▬ ▬▬▬ ▬▬ ▬▬▬ ▬ ▬▬▬▬ ▬▬ ▬▬▬ ▬▬ ▬ ▬▬▬
SHORTT'S PICTURES.
▬▬ ▬▬▬ ▬ ▬▬▬▬ ▬▬ ▬▬▬ ▬▬ ▬ ▬▬▬ ▬▬ ▬▬▬ ▬ ▬▬▬▬ ▬▬ ▬▬▬ ▬▬ ▬ ▬▬▬ ▬▬ ▬▬▬ ▬ ▬▬▬▬ ▬▬ ▬▬▬ ▬▬ ▬ ▬▬▬ ▬▬ ▬▬▬ ▬ ▬▬▬▬ ▬▬ ▬▬▬ ▬▬ ▬ ▬▬▬ ▬▬ ▬▬▬ ▬ ▬▬▬▬ ▬▬ ▬▬▬ ▬▬ ▬ ▬▬▬ ▬▬ ▬▬▬ ▬ ▬▬▬▬ ▬▬ ▬▬▬ ▬▬ ▬ ▬▬▬ ▬▬ ▬▬▬ ▬ ▬▬▬▬ ▬▬ ▬▬▬ ▬▬ ▬ ▬▬▬ ▬▬ ▬▬▬ ▬ ▬▬▬▬ ▬▬ ▬▬▬ ▬▬ ▬ ▬▬▬ ▬▬ ▬▬▬ ▬ ▬▬▬▬ ▬▬ ▬▬▬ ▬▬ ▬ ▬▬▬ ▬▬ ▬▬▬ ▬ ▬▬▬▬ ▬▬ ▬▬▬ ▬▬ ▬ ▬▬▬ ▬▬ ▬▬▬ ▬ ▬▬▬▬ ▬▬ ▬▬▬ ▬▬ ▬ ▬▬▬ ▬▬ ▬▬▬ ▬ ▬▬▬▬ ▬▬ ▬▬▬ ▬▬ ▬ ▬▬▬ ▬▬ ▬▬▬ ▬ ▬▬▬▬ ▬▬ ▬▬▬ ▬▬ ▬ ▬▬▬ ▬▬ ▬▬▬ ▬ ▬▬▬▬ ▬▬ ▬▬▬ ▬▬ ▬ ▬▬▬ ▬▬ ▬▬▬ ▬ ▬▬▬▬ ▬▬ ▬▬▬ ▬▬ ▬ ▬▬▬ ▬▬ ▬▬▬ ▬ ▬▬▬▬ ▬▬ ▬▬▬ ▬▬ ▬ ▬▬▬ ▬▬ ▬▬▬ ▬ ▬▬▬▬ ▬▬ ▬▬▬ ▬▬ ▬ ▬▬▬ ▬▬ ▬▬▬ ▬ ▬▬▬▬ ▬▬ ▬▬▬ ▬▬ ▬ ▬▬▬ ▬▬ ▬▬▬ ▬ ▬▬▬▬ ▬▬ ▬▬▬ ▬▬ ▬ ▬▬▬ ▬▬ ▬▬▬ ▬ ▬▬▬▬ ▬▬ ▬▬▬ ▬▬ ▬ ▬▬▬ ▬▬ ▬▬▬ ▬ ▬▬▬▬ ▬▬ ▬▬▬ ▬▬ ▬ ▬▬▬
THE EMPRESS THEATRE.
▬▬ ▬▬▬ ▬ ▬▬▬▬ ▬▬ ▬▬▬ ▬▬ ▬ ▬▬▬ ▬▬ ▬▬▬ ▬ ▬▬▬▬ ▬▬ ▬▬▬ ▬▬ ▬ ▬▬▬ ▬▬ ▬▬▬ ▬ ▬▬▬▬ ▬▬ ▬▬▬ ▬▬ ▬ ▬▬▬ ▬▬ ▬▬▬ ▬ ▬▬▬▬ ▬▬ ▬▬▬ ▬▬ ▬ ▬▬▬ ▬▬ ▬▬▬ ▬ ▬▬▬▬ ▬▬ ▬▬▬ ▬▬ ▬ ▬▬▬ ▬▬ ▬▬▬ ▬ ▬▬▬▬ ▬▬ ▬▬▬ ▬▬ ▬ ▬▬▬ ▬▬ ▬▬▬ ▬ ▬▬▬▬ ▬▬ ▬▬▬ ▬▬ ▬ ▬▬▬ ▬▬ ▬▬▬ ▬ ▬▬▬▬ ▬▬ ▬▬▬ ▬▬ ▬ ▬▬▬ ▬▬ ▬▬▬ ▬ ▬▬▬▬ ▬▬ ▬▬▬ ▬▬ ▬ ▬▬▬ ▬▬ ▬▬▬ ▬ ▬▬▬▬ ▬▬ ▬▬▬ ▬▬ ▬ ▬▬▬
THE NEW HIS MAJESTY'S.
▬▬ ▬▬▬ ▬ ▬▬▬▬ ▬▬ ▬▬▬ ▬▬ ▬ ▬▬▬ ▬▬ ▬▬▬ ▬ ▬▬▬▬ ▬▬ ▬▬▬ ▬▬ ▬ ▬▬▬ ▬▬ ▬▬▬ ▬ ▬▬▬▬ ▬▬ ▬▬▬ ▬▬ ▬ ▬▬▬ ▬▬ ▬▬▬ ▬ ▬▬▬▬ ▬▬ ▬▬▬ ▬▬ ▬ ▬▬▬ ▬▬ ▬▬▬ ▬ ▬▬▬▬ ▬▬ ▬▬▬ ▬▬ ▬ ▬▬▬ ▬▬ ▬▬▬ ▬ ▬▬▬▬ ▬▬ ▬▬▬ ▬▬ ▬ ▬▬▬ ▬▬ ▬▬▬ ▬ ▬▬▬▬ ▬▬ ▬▬▬ ▬▬ ▬ ▬▬▬ ▬▬ ▬▬▬ ▬ ▬▬▬▬ ▬▬ ▬▬▬ ▬▬ ▬ ▬▬▬ ▬▬ ▬▬▬ ▬ ▬▬▬▬ ▬▬ ▬▬▬ ▬▬ ▬ ▬▬▬ ▬▬ ▬▬▬ ▬ ▬▬▬▬ ▬▬ ▬▬▬ ▬▬ ▬ ▬▬▬ ▬▬ ▬▬▬ ▬ ▬▬▬▬ ▬▬ ▬▬▬ ▬▬ ▬ ▬▬▬ ▬▬ ▬▬▬ ▬ ▬▬▬▬ ▬▬ ▬▬▬ ▬▬ ▬ ▬▬▬ ▬▬ ▬▬▬ ▬ ▬▬▬▬ ▬▬ ▬▬▬ ▬▬ ▬ ▬▬▬
THE TURF.
RACING AT RANDWICK.
▬▬ ▬▬▬ ▬ ▬▬▬▬ ▬▬ ▬▬▬ ▬▬ ▬ ▬▬▬ ▬▬ ▬▬▬ ▬ ▬▬▬▬ ▬▬ ▬▬▬ ▬▬ ▬ ▬▬▬ ▬▬ ▬▬▬ ▬ ▬▬▬▬ ▬▬ ▬▬▬ ▬▬ ▬ ▬▬▬ ▬▬ ▬▬▬ ▬ ▬▬▬▬ ▬▬ ▬▬▬ ▬▬ ▬ ▬▬▬ ▬▬ ▬▬▬ ▬ ▬▬▬▬ ▬▬ ▬▬▬ ▬▬ ▬ ▬▬▬ ▬▬ ▬▬▬ ▬ ▬▬▬▬ ▬▬ ▬▬▬ ▬▬ ▬ ▬▬▬ ▬▬ ▬▬▬ ▬ ▬▬▬▬ ▬▬ ▬▬▬ ▬▬ ▬ ▬▬▬ ▬▬ ▬▬▬ ▬ ▬▬▬▬ ▬▬ ▬▬▬ ▬▬ ▬ ▬▬▬ ▬▬ ▬▬▬ ▬ ▬▬▬▬ ▬▬ ▬▬▬ ▬▬ ▬ ▬▬▬ ▬▬ ▬▬▬ ▬ ▬▬▬▬ ▬▬ ▬▬▬ ▬▬ ▬ ▬▬▬ ▬▬ ▬▬▬ ▬ ▬▬▬▬ ▬▬ ▬▬▬ ▬▬ ▬ ▬▬▬ ▬▬ ▬▬▬ ▬ ▬▬▬▬ ▬▬ ▬▬▬ ▬▬ ▬ ▬▬▬ ▬▬ ▬▬▬ ▬ ▬▬▬▬ ▬▬ ▬▬▬ ▬▬ ▬ ▬▬▬
CONCLUDING DAY.
▬▬ ▬▬▬ ▬ ▬▬▬▬ ▬▬ ▬▬▬ ▬▬ ▬ ▬▬▬ ▬▬ ▬▬▬ ▬ ▬▬▬▬ ▬▬ ▬▬▬ ▬▬ ▬ ▬▬▬ ▬▬ ▬▬▬ ▬ ▬▬▬▬ ▬▬ ▬▬▬ ▬▬ ▬ ▬▬▬ ▬▬ ▬▬▬ ▬ ▬▬▬▬ ▬▬ ▬▬▬ ▬▬ ▬ ▬▬▬ ▬▬ ▬▬▬ ▬ ▬▬▬▬ ▬▬ ▬▬▬ ▬▬ ▬ ▬▬▬ ▬▬ ▬▬▬ ▬ ▬▬▬▬ ▬▬ ▬▬▬ ▬▬ ▬ ▬▬▬ ▬▬ ▬▬▬ ▬ ▬▬▬▬ ▬▬ ▬▬▬ ▬▬ ▬ ▬▬▬ ▬▬ ▬▬▬ ▬ ▬▬▬▬ ▬▬ ▬▬▬ ▬▬ ▬ ▬▬▬ ▬▬ ▬▬▬ ▬ ▬▬▬▬ ▬▬ ▬▬▬ ▬▬ ▬ ▬▬▬ ▬▬ ▬▬▬ ▬ ▬▬▬▬ ▬▬ ▬▬▬ ▬▬ ▬ ▬▬▬ ▬▬ ▬▬▬ ▬ ▬▬▬▬ ▬▬ ▬▬▬ ▬▬ ▬ ▬▬▬ ▬▬ ▬▬▬ ▬ ▬▬▬▬ ▬▬ ▬▬▬ ▬▬ ▬ ▬▬▬ ▬▬ ▬▬▬ ▬ ▬▬▬▬ ▬▬ ▬▬▬ ▬▬ ▬ ▬▬▬ ▬▬ ▬▬▬ ▬ ▬▬▬▬ ▬▬ ▬▬▬ ▬▬ ▬ ▬▬▬ ▬▬ ▬▬▬ ▬ ▬▬▬▬ ▬▬ ▬▬▬ ▬▬ ▬ ▬▬▬ ▬▬ ▬▬▬ ▬ ▬▬▬▬ ▬▬ ▬▬▬ ▬▬ ▬ ▬▬▬
CONTINUANCE WINS STEEPLECHASE.
▬▬ ▬▬▬ ▬ ▬▬▬▬ ▬▬ ▬▬▬ ▬▬ ▬ ▬▬▬ ▬▬ ▬▬▬ ▬ ▬▬▬▬ ▬▬ ▬▬▬ ▬▬ ▬ ▬▬▬ ▬▬ ▬▬▬ ▬ ▬▬▬▬ ▬▬ ▬▬▬ ▬▬ ▬ ▬▬▬ ▬▬ ▬▬▬ ▬ ▬▬▬▬ ▬▬ ▬▬▬ ▬▬ ▬ ▬▬▬ ▬▬ ▬▬▬ ▬ ▬▬▬▬ ▬▬ ▬▬▬ ▬▬ ▬ ▬▬▬ ▬▬ ▬▬▬ ▬ ▬▬▬▬ ▬▬ ▬▬▬ ▬▬ ▬ ▬▬▬ ▬▬ ▬▬▬ ▬ ▬▬▬▬ ▬▬ ▬▬▬ ▬▬ ▬ ▬▬▬ ▬▬ ▬▬▬ ▬ ▬▬▬▬ ▬▬ ▬▬▬ ▬▬ ▬ ▬▬▬ ▬▬ ▬▬▬ ▬ ▬▬▬▬ ▬▬ ▬▬▬ ▬▬ ▬ ▬▬▬ ▬▬ ▬▬▬ ▬ ▬▬▬▬ ▬▬ ▬▬▬ ▬▬ ▬ ▬▬▬ ▬▬ ▬▬▬ ▬ ▬▬▬▬ ▬▬ ▬▬▬ ▬▬ ▬ ▬▬▬ ▬▬ ▬▬▬ ▬ ▬▬▬▬ ▬▬ ▬▬▬ ▬▬ ▬ ▬▬▬ ▬▬ ▬▬▬ ▬ ▬▬▬▬ ▬▬ ▬▬▬ ▬▬ ▬ ▬▬▬ ▬▬ ▬▬▬ ▬ ▬▬▬▬ ▬▬ ▬▬▬ ▬▬ ▬ ▬▬▬ ▬▬ ▬▬▬ ▬ ▬▬▬▬ ▬▬ ▬▬▬ ▬▬ ▬ ▬▬▬ ▬▬ ▬▬▬ ▬ ▬▬▬▬ ▬▬ ▬▬▬ ▬▬ ▬ ▬▬▬ ▬▬ ▬▬▬ ▬ ▬▬▬▬ ▬▬ ▬▬▬ ▬▬ ▬ ▬▬▬ ▬▬ ▬▬▬ ▬ ▬▬▬▬ ▬▬ ▬▬▬ ▬▬ ▬ ▬▬▬ ▬▬ ▬▬▬ ▬ ▬▬▬▬ ▬▬ ▬▬▬ ▬▬ ▬ ▬▬▬
By Telegraph—Press Association—Copyright
A.T.C. MEETING.
▬▬ ▬▬▬ ▬ ▬▬▬▬ ▬▬ ▬▬▬ ▬▬ ▬ ▬▬▬ ▬▬ ▬▬▬ ▬ ▬▬▬▬ ▬▬ ▬▬▬ ▬▬ ▬ ▬▬▬ ▬▬ ▬▬▬ ▬ ▬▬▬▬ ▬▬ ▬▬▬ ▬▬ ▬ ▬▬▬ ▬▬ ▬▬▬ ▬ ▬▬▬▬ ▬▬ ▬▬▬ ▬▬ ▬ ▬▬▬ ▬▬ ▬▬▬ ▬ ▬▬▬▬ ▬▬ ▬▬▬ ▬▬ ▬ ▬▬▬ ▬▬ ▬▬▬ ▬ ▬▬▬▬ ▬▬ ▬▬▬ ▬▬ ▬ ▬▬▬ ▬▬ ▬▬▬ ▬ ▬▬▬▬ ▬▬ ▬▬▬ ▬▬ ▬ ▬▬▬ ▬▬ ▬▬▬ ▬ ▬▬▬▬ ▬▬ ▬▬▬ ▬▬ ▬ ▬▬▬ ▬▬ ▬▬▬ ▬ ▬▬▬▬ ▬▬ ▬▬▬ ▬▬ ▬ ▬▬▬ ▬▬ ▬▬▬ ▬ ▬▬▬▬ ▬▬ ▬▬▬ ▬▬ ▬ ▬▬▬ ▬▬ ▬▬▬ ▬ ▬▬▬▬ ▬▬ ▬▬▬ ▬▬ ▬ ▬▬▬
CAULFIELD STAKES.
▬▬ ▬▬▬ ▬ ▬▬▬▬ ▬▬ ▬▬▬ ▬▬ ▬ ▬▬▬ ▬▬ ▬▬▬ ▬ ▬▬▬▬ ▬▬ ▬▬▬ ▬▬ ▬ ▬▬▬ ▬▬ ▬▬▬ ▬ ▬▬▬▬ ▬▬ ▬▬▬ ▬▬ ▬ ▬▬▬ ▬▬ ▬▬▬ ▬ ▬▬▬▬ ▬▬ ▬▬▬ ▬▬ ▬ ▬▬▬ ▬▬ ▬▬▬ ▬ ▬▬▬▬ ▬▬ ▬▬▬ ▬▬ ▬ ▬▬▬ ▬▬ ▬▬▬ ▬ ▬▬▬▬ ▬▬ ▬▬▬ ▬▬ ▬ ▬▬▬ ▬▬ ▬▬▬ ▬ ▬▬▬▬ ▬▬ ▬▬▬ ▬▬ ▬ ▬▬▬ ▬▬ ▬▬▬ ▬ ▬▬▬▬ ▬▬ ▬▬▬ ▬▬ ▬ ▬▬▬ ▬▬ ▬▬▬ ▬ ▬▬▬▬ ▬▬ ▬▬▬ ▬▬ ▬ ▬▬▬ ▬▬ ▬▬▬ ▬ ▬▬▬▬ ▬▬ ▬▬▬ ▬▬ ▬ ▬▬▬ ▬▬ ▬▬▬ ▬ ▬▬▬▬ ▬▬ ▬▬▬ ▬▬ ▬ ▬▬▬ ▬▬ ▬▬▬ ▬ ▬▬▬▬ ▬▬ ▬▬▬ ▬▬ ▬ ▬▬▬ ▬▬ ▬▬▬ ▬ ▬▬▬▬ ▬▬ ▬▬▬ ▬▬ ▬ ▬▬▬ ▬▬ ▬▬▬ ▬ ▬▬▬▬ ▬▬ ▬▬▬ ▬▬ ▬ ▬▬▬
WON BY ROYAL SCOTCH.
▬▬ ▬▬▬ ▬ ▬▬▬▬ ▬▬ ▬▬▬ ▬▬ ▬ ▬▬▬ ▬▬ ▬▬▬ ▬ ▬▬▬▬ ▬▬ ▬▬▬ ▬▬ ▬ ▬▬▬ ▬▬ ▬▬▬ ▬ ▬▬▬▬ ▬▬ ▬▬▬ ▬▬ ▬ ▬▬▬ ▬▬ ▬▬▬ ▬ ▬▬▬▬ ▬▬ ▬▬▬ ▬▬ ▬ ▬▬▬ ▬▬ ▬▬▬ ▬ ▬▬▬▬ ▬▬ ▬▬▬ ▬▬ ▬ ▬▬▬ ▬▬ ▬▬▬ ▬ ▬▬▬▬ ▬▬ ▬▬▬ ▬▬ ▬ ▬▬▬ ▬▬ ▬▬▬ ▬ ▬▬▬▬ ▬▬ ▬▬▬ ▬▬ ▬ ▬▬▬ ▬▬ ▬▬▬ ▬ ▬▬▬▬ ▬▬ ▬▬▬ ▬▬ ▬ ▬▬▬ ▬▬ ▬▬▬ ▬ ▬▬▬▬ ▬▬ ▬▬▬ ▬▬ ▬ ▬▬▬ ▬▬ ▬▬▬ ▬ ▬▬▬▬ ▬▬ ▬▬▬ ▬▬ ▬ ▬▬▬ ▬▬ ▬▬▬ ▬ ▬▬▬▬ ▬▬ ▬▬▬ ▬▬ ▬ ▬▬▬ ▬▬ ▬▬▬ ▬ ▬▬▬▬ ▬▬ ▬▬▬ ▬▬ ▬ ▬▬▬ ▬▬ ▬▬▬ ▬ ▬▬▬▬ ▬▬ ▬▬▬ ▬▬ ▬ ▬▬▬ ▬▬ ▬▬▬ ▬ ▬▬▬▬ ▬▬ ▬▬▬ ▬▬ ▬ ▬▬▬ ▬▬ ▬▬▬ ▬ ▬▬▬▬ ▬▬ ▬▬▬ ▬▬ ▬ ▬▬▬ ▬▬ ▬▬▬ ▬ ▬▬▬▬ ▬▬ ▬▬▬ ▬▬ ▬ ▬▬▬ ▬▬ ▬▬▬ ▬ ▬▬▬▬ ▬▬ ▬▬▬ ▬▬ ▬ ▬▬▬

Rathlea moved up fast on the outside Carsel, Charlston, and Borrawang led into the straight from Gold Rose and Dowdle.

THE NEW ZEALAND HORSES.
▬▬ ▬▬▬ ▬ ▬▬▬▬ ▬▬ ▬▬▬ ▬▬ ▬ ▬▬▬ ▬▬ ▬▬▬ ▬ ▬▬▬▬ ▬▬ ▬▬▬ ▬▬ ▬ ▬▬▬ ▬▬ ▬▬▬ ▬ ▬▬▬▬ ▬▬ ▬▬▬ ▬▬ ▬ ▬▬▬ ▬▬ ▬▬▬ ▬ ▬▬▬▬ ▬▬ ▬▬▬ ▬▬ ▬ ▬▬▬ ▬▬ ▬▬▬ ▬ ▬▬▬▬ ▬▬ ▬▬▬ ▬▬ ▬ ▬▬▬ ▬▬ ▬▬▬ ▬ ▬▬▬▬ ▬▬ ▬▬▬ ▬▬ ▬ ▬▬▬ ▬▬ ▬▬▬ ▬ ▬▬▬▬ ▬▬ ▬▬▬ ▬▬ ▬ ▬▬▬ ▬▬ ▬▬▬ ▬ ▬▬▬▬ ▬▬ ▬▬▬ ▬▬ ▬ ▬▬▬ ▬▬ ▬▬▬ ▬ ▬▬▬▬ ▬▬ ▬▬▬ ▬▬ ▬ ▬▬▬ ▬▬ ▬▬▬ ▬ ▬▬▬▬ ▬▬ ▬▬▬ ▬▬ ▬ ▬▬▬ ▬▬ ▬▬▬ ▬ ▬▬▬▬ ▬▬ ▬▬▬ ▬▬ ▬ ▬▬▬ ▬▬ ▬▬▬ ▬ ▬▬▬▬ ▬▬ ▬▬▬ ▬▬ ▬ ▬▬▬ ▬▬ ▬▬▬ ▬ ▬▬▬▬ ▬▬ ▬▬▬ ▬▬ ▬ ▬▬▬ ▬▬ ▬▬▬ ▬ ▬▬▬▬ ▬▬ ▬▬▬ ▬▬ ▬ ▬▬▬ ▬▬ ▬▬▬ ▬ ▬▬▬▬ ▬▬ ▬▬▬ ▬▬ ▬ ▬▬▬ ▬▬ ▬▬▬ ▬ ▬▬▬▬ ▬▬ ▬▬▬ ▬▬ ▬ ▬▬▬ ▬▬ ▬▬▬ ▬ ▬▬▬▬ ▬▬ ▬▬▬ ▬▬ ▬ ▬▬▬ ▬▬ ▬▬▬ ▬ ▬▬▬▬ ▬▬ ▬▬▬ ▬▬ ▬ ▬▬▬ ▬▬ ▬▬▬ ▬ ▬▬▬▬ ▬▬ ▬▬▬ ▬▬ ▬ ▬▬▬ ▬▬ ▬▬▬ ▬ ▬▬▬▬ ▬▬ ▬▬▬ ▬▬ ▬ ▬▬▬
FORM NOT AS GOOD AS AUSTRALIAN.
▬▬ ▬▬▬ ▬ ▬▬▬▬ ▬▬ ▬▬▬ ▬▬ ▬ ▬▬▬ ▬▬ ▬▬▬ ▬ ▬▬▬▬ ▬▬ ▬▬▬ ▬▬ ▬ ▬▬▬ ▬▬ ▬▬▬ ▬ ▬▬▬▬ ▬▬ ▬▬▬ ▬▬ ▬ ▬▬▬ ▬▬ ▬▬▬ ▬ ▬▬▬▬ ▬▬ ▬▬▬ ▬▬ ▬ ▬▬▬ ▬▬ ▬▬▬ ▬ ▬▬▬▬ ▬▬ ▬▬▬ ▬▬ ▬ ▬▬▬ ▬▬ ▬▬▬ ▬ ▬▬▬▬ ▬▬ ▬▬▬ ▬▬ ▬ ▬▬▬ ▬▬ ▬▬▬ ▬ ▬▬▬▬ ▬▬ ▬▬▬ ▬▬ ▬ ▬▬▬ ▬▬ ▬▬▬ ▬ ▬▬▬▬ ▬▬ ▬▬▬ ▬▬ ▬ ▬▬▬ ▬▬ ▬▬▬ ▬ ▬▬▬▬ ▬▬ ▬▬▬ ▬▬ ▬ ▬▬▬ ▬▬ ▬▬▬ ▬ ▬▬▬▬ ▬▬ ▬▬▬ ▬▬ ▬ ▬▬▬ ▬▬ ▬▬▬ ▬ ▬▬▬▬ ▬▬ ▬▬▬ ▬▬ ▬ ▬▬▬ ▬▬ ▬▬▬ ▬ ▬▬▬▬ ▬▬ ▬▬▬ ▬▬ ▬ ▬▬▬ ▬▬ ▬▬▬ ▬ ▬▬▬▬ ▬▬ ▬▬▬ ▬▬ ▬ ▬▬▬ ▬▬ ▬▬▬ ▬ ▬▬▬▬ ▬▬ ▬▬▬ ▬▬ ▬ ▬▬▬ ▬▬ ▬▬▬ ▬ ▬▬▬▬ ▬▬ ▬▬▬ ▬▬ ▬ ▬▬▬ ▬▬ ▬▬▬ ▬ ▬▬▬▬ ▬▬ ▬▬▬ ▬▬ ▬ ▬▬▬ ▬▬ ▬▬▬ ▬ ▬▬▬▬ ▬▬ ▬▬▬ ▬▬ ▬ ▬▬▬ ▬▬ ▬▬▬ ▬ ▬▬▬▬ ▬▬ ▬▬▬ ▬▬ ▬ ▬▬▬ ▬▬ ▬▬▬ ▬ ▬▬▬▬ ▬▬ ▬▬▬ ▬▬ ▬ ▬▬▬ ▬▬ ▬▬▬ ▬ ▬▬▬▬ ▬▬ ▬▬▬ ▬▬ ▬ ▬▬▬ ▬▬ ▬▬▬ ▬ ▬▬▬▬ ▬▬ ▬▬▬ ▬▬ ▬ ▬▬▬ ▬▬ ▬▬▬ ▬ ▬▬▬▬ ▬▬ ▬▬▬ ▬▬ ▬ ▬▬▬ ▬▬ ▬▬▬ ▬ ▬▬▬▬ ▬▬ ▬▬▬ ▬▬ ▬ ▬▬▬
TRAINING NOTES.
▬▬ ▬▬▬ ▬ ▬▬▬▬ ▬▬ ▬▬▬ ▬▬ ▬ ▬▬▬ ▬▬ ▬▬▬ ▬ ▬▬▬▬ ▬▬ ▬▬▬ ▬▬ ▬ ▬▬▬ ▬▬ ▬▬▬ ▬ ▬▬▬▬ ▬▬ ▬▬▬ ▬▬ ▬ ▬▬▬ ▬▬ ▬▬▬ ▬ ▬▬▬▬ ▬▬ ▬▬▬ ▬▬ ▬ ▬▬▬ ▬▬ ▬▬▬ ▬ ▬▬▬▬ ▬▬ ▬▬▬ ▬▬ ▬ ▬▬▬ ▬▬ ▬▬▬ ▬ ▬▬▬▬ ▬▬ ▬▬▬ ▬▬ ▬ ▬▬▬ ▬▬ ▬▬▬ ▬ ▬▬▬▬ ▬▬ ▬▬▬ ▬▬ ▬ ▬▬▬ ▬▬ ▬▬▬ ▬ ▬▬▬▬ ▬▬ ▬▬▬ ▬▬ ▬ ▬▬▬ ▬▬ ▬▬▬ ▬ ▬▬▬▬ ▬▬ ▬▬▬ ▬▬ ▬ ▬▬▬ ▬▬ ▬▬▬ ▬ ▬▬▬▬ ▬▬ ▬▬▬ ▬▬ ▬ ▬▬▬ ▬▬ ▬▬▬ ▬ ▬▬▬▬ ▬▬ ▬▬▬ ▬▬ ▬ ▬▬▬ ▬▬ ▬▬▬ ▬ ▬▬▬▬ ▬▬ ▬▬▬ ▬▬ ▬ ▬▬▬
DUNEDIN J.C. SPRING MEETING.
▬▬ ▬▬▬ ▬ ▬▬▬▬ ▬▬ ▬▬▬ ▬▬ ▬ ▬▬▬ ▬▬ ▬▬▬ ▬ ▬▬▬▬ ▬▬ ▬▬▬ ▬▬ ▬ ▬▬▬ ▬▬ ▬▬▬ ▬ ▬▬▬▬ ▬▬ ▬▬▬ ▬▬ ▬ ▬▬▬ ▬▬ ▬▬▬ ▬ ▬▬▬▬ ▬▬ ▬▬▬ ▬▬ ▬ ▬▬▬ ▬▬ ▬▬▬ ▬ ▬▬▬▬ ▬▬ ▬▬▬ ▬▬ ▬ ▬▬▬ ▬▬ ▬▬▬ ▬ ▬▬▬▬ ▬▬ ▬▬▬ ▬▬ ▬ ▬▬▬ ▬▬ ▬▬▬ ▬ ▬▬▬▬ ▬▬ ▬▬▬ ▬▬ ▬ ▬▬▬ ▬▬ ▬▬▬ ▬ ▬▬▬▬ ▬▬ ▬▬▬ ▬▬ ▬ ▬▬▬ ▬▬ ▬▬▬ ▬ ▬▬▬▬ ▬▬ ▬▬▬ ▬▬ ▬ ▬▬▬ ▬▬ ▬▬▬ ▬ ▬▬▬▬ ▬▬ ▬▬▬ ▬▬ ▬ ▬▬▬ ▬▬ ▬▬▬ ▬ ▬▬▬▬ ▬▬ ▬▬▬ ▬▬ ▬ ▬▬▬ ▬▬ ▬▬▬ ▬ ▬▬▬▬ ▬▬ ▬▬▬ ▬▬ ▬ ▬▬▬ ▬▬ ▬▬▬ ▬ ▬▬▬▬ ▬▬ ▬▬▬ ▬▬ ▬ ▬▬▬ ▬▬ ▬▬▬ ▬ ▬▬▬▬ ▬▬ ▬▬▬ ▬▬ ▬ ▬▬▬ ▬▬ ▬▬▬ ▬ ▬▬▬▬ ▬▬ ▬▬▬ ▬▬ ▬ ▬▬▬
SECOND DAY'S RESULTS.
▬▬ ▬▬▬ ▬ ▬▬▬▬ ▬▬ ▬▬▬ ▬▬ ▬ ▬▬▬ ▬▬ ▬▬▬ ▬ ▬▬▬▬ ▬▬ ▬▬▬ ▬▬ ▬ ▬▬▬ ▬▬ ▬▬▬ ▬ ▬▬▬▬ ▬▬ ▬▬▬ ▬▬ ▬ ▬▬▬ ▬▬ ▬▬▬ ▬ ▬▬▬▬ ▬▬ ▬▬▬ ▬▬ ▬ ▬▬▬ ▬▬ ▬▬▬ ▬ ▬▬▬▬ ▬▬ ▬▬▬ ▬▬ ▬ ▬▬▬ ▬▬ ▬▬▬ ▬ ▬▬▬▬ ▬▬ ▬▬▬ ▬▬ ▬ ▬▬▬ ▬▬ ▬▬▬ ▬ ▬▬▬▬ ▬▬ ▬▬▬ ▬▬ ▬ ▬▬▬ ▬▬ ▬▬▬ ▬ ▬▬▬▬ ▬▬ ▬▬▬ ▬▬ ▬ ▬▬▬ ▬▬ ▬▬▬ ▬ ▬▬▬▬ ▬▬ ▬▬▬ ▬▬ ▬ ▬▬▬ ▬▬ ▬▬▬ ▬ ▬▬▬▬ ▬▬ ▬▬▬ ▬▬ ▬ ▬▬▬ ▬▬ ▬▬▬ ▬ ▬▬▬▬ ▬▬ ▬▬▬ ▬▬ ▬ ▬▬▬ ▬▬ ▬▬▬ ▬ ▬▬▬▬ ▬▬ ▬▬▬ ▬▬ ▬ ▬▬▬ ▬▬ ▬▬▬ ▬ ▬▬▬▬ ▬▬ ▬▬▬ ▬▬ ▬ ▬▬▬ ▬▬ ▬▬▬ ▬ ▬▬▬▬ ▬▬ ▬▬▬ ▬▬ ▬ ▬▬▬ ▬▬ ▬▬▬ ▬ ▬▬▬▬ ▬▬ ▬▬▬ ▬▬ ▬ ▬▬▬ ▬▬ ▬▬▬ ▬ ▬▬▬▬ ▬▬ ▬▬▬ ▬▬ ▬ ▬▬▬ ▬▬ ▬▬▬ ▬ ▬▬▬▬ ▬▬ ▬▬▬ ▬▬ ▬ ▬▬▬ ▬▬ ▬▬▬ ▬ ▬▬▬▬ ▬▬ ▬▬▬ ▬▬ ▬ ▬▬▬
